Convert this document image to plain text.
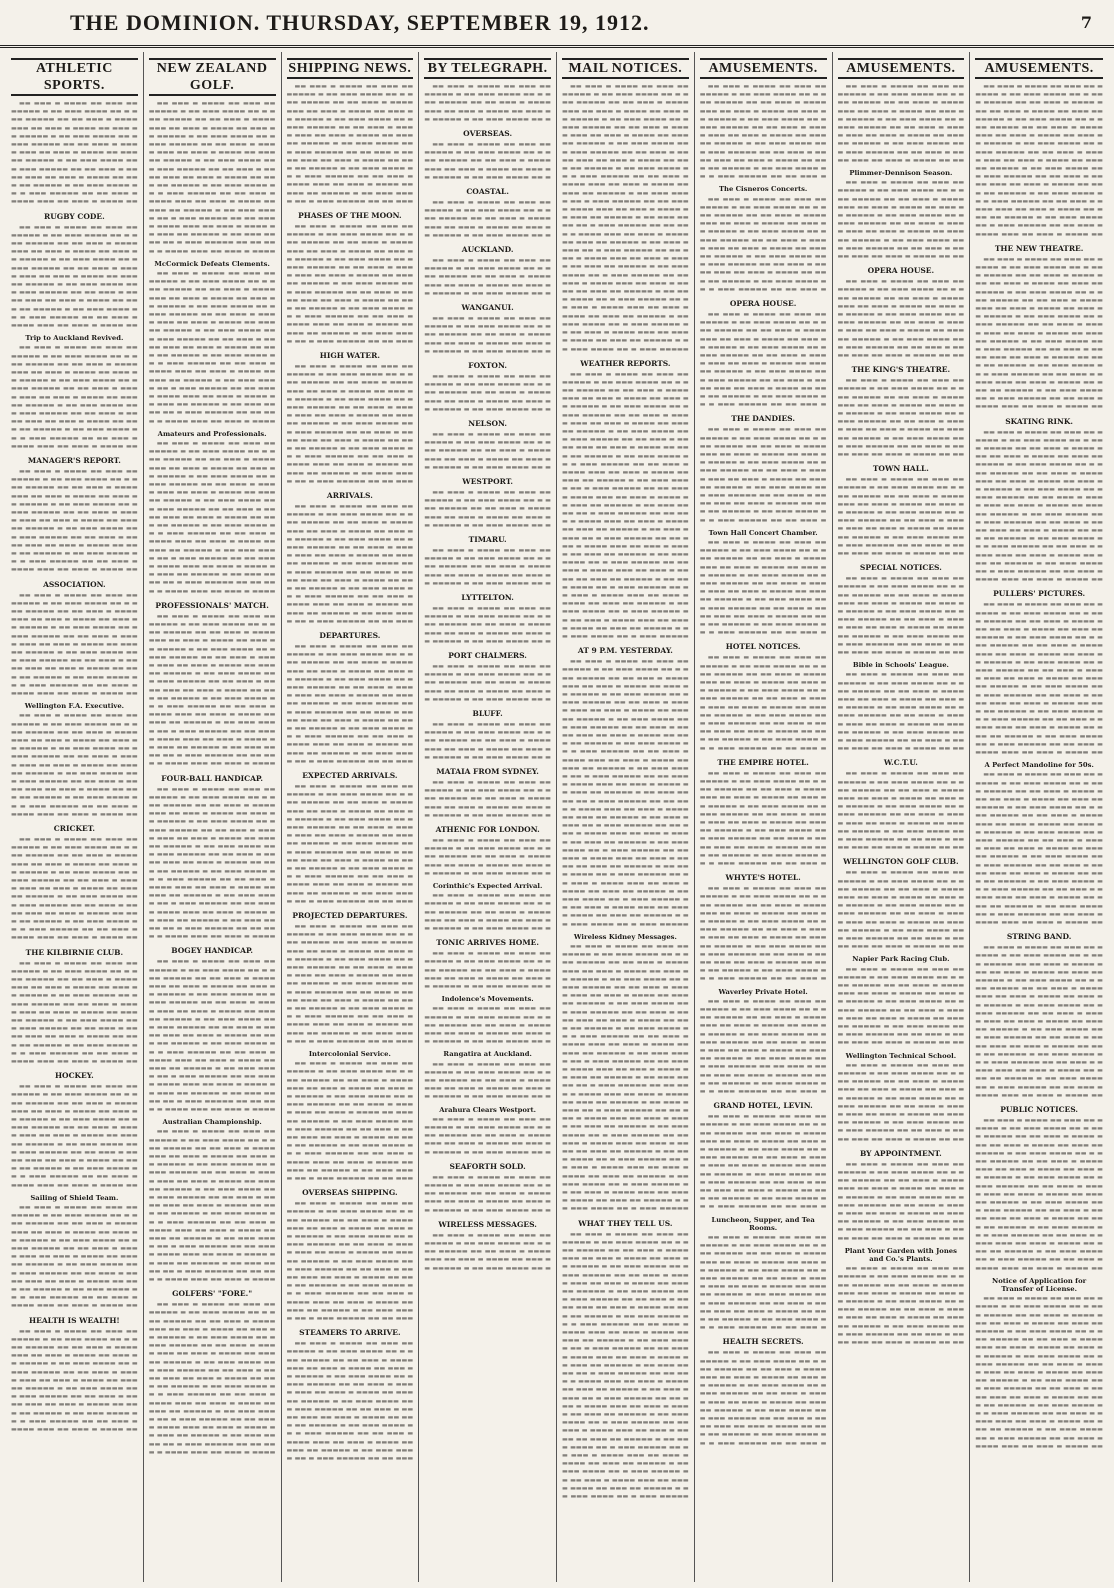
THE DOMINION. THURSDAY, SEPTEMBER 19, 1912.	7
ATHLETIC SPORTS.
▬▬ ▬▬▬ ▬ ▬▬▬▬ ▬▬ ▬▬▬ ▬▬ ▬▬▬▬▬ ▬ ▬▬ ▬▬▬ ▬▬▬▬ ▬▬ ▬ ▬▬▬ ▬▬▬▬▬ ▬▬ ▬▬ ▬▬▬ ▬ ▬▬▬▬ ▬▬▬ ▬▬ ▬▬▬ ▬ ▬▬▬▬ ▬▬ ▬▬▬ ▬▬ ▬▬▬▬▬ ▬ ▬▬ ▬▬▬ ▬▬▬▬ ▬▬ ▬ ▬▬▬ ▬▬▬▬▬ ▬▬ ▬▬ ▬▬▬ ▬ ▬▬▬▬ ▬▬▬ ▬▬ ▬▬▬ ▬ ▬▬▬▬ ▬▬ ▬▬▬ ▬▬ ▬▬▬▬▬ ▬ ▬▬ ▬▬▬ ▬▬▬▬ ▬▬ ▬ ▬▬▬ ▬▬▬▬▬ ▬▬ ▬▬ ▬▬▬ ▬ ▬▬▬▬ ▬▬▬ ▬▬ ▬▬▬ ▬ ▬▬▬▬ ▬▬ ▬▬▬ ▬▬ ▬▬▬▬▬ ▬ ▬▬ ▬▬▬ ▬▬▬▬ ▬▬ ▬ ▬▬▬ ▬▬▬▬▬ ▬▬ ▬▬ ▬▬▬ ▬ ▬▬▬▬ ▬▬▬ ▬▬ ▬▬▬ ▬ ▬▬▬▬ ▬▬
RUGBY CODE.
▬▬ ▬▬▬ ▬ ▬▬▬▬ ▬▬ ▬▬▬ ▬▬ ▬▬▬▬▬ ▬ ▬▬ ▬▬▬ ▬▬▬▬ ▬▬ ▬ ▬▬▬ ▬▬▬▬▬ ▬▬ ▬▬ ▬▬▬ ▬ ▬▬▬▬ ▬▬▬ ▬▬ ▬▬▬ ▬ ▬▬▬▬ ▬▬ ▬▬▬ ▬▬ ▬▬▬▬▬ ▬ ▬▬ ▬▬▬ ▬▬▬▬ ▬▬ ▬ ▬▬▬ ▬▬▬▬▬ ▬▬ ▬▬ ▬▬▬ ▬ ▬▬▬▬ ▬▬▬ ▬▬ ▬▬▬ ▬ ▬▬▬▬ ▬▬ ▬▬▬ ▬▬ ▬▬▬▬▬ ▬ ▬▬ ▬▬▬ ▬▬▬▬ ▬▬ ▬ ▬▬▬ ▬▬▬▬▬ ▬▬ ▬▬ ▬▬▬ ▬ ▬▬▬▬ ▬▬▬ ▬▬ ▬▬▬ ▬ ▬▬▬▬ ▬▬ ▬▬▬ ▬▬ ▬▬▬▬▬ ▬ ▬▬ ▬▬▬ ▬▬▬▬ ▬▬ ▬ ▬▬▬ ▬▬▬▬▬ ▬▬ ▬▬ ▬▬▬ ▬ ▬▬▬▬ ▬▬▬ ▬▬ ▬▬▬ ▬ ▬▬▬▬ ▬▬
Trip to Auckland Revived.
▬▬ ▬▬▬ ▬ ▬▬▬▬ ▬▬ ▬▬▬ ▬▬ ▬▬▬▬▬ ▬ ▬▬ ▬▬▬ ▬▬▬▬ ▬▬ ▬ ▬▬▬ ▬▬▬▬▬ ▬▬ ▬▬ ▬▬▬ ▬ ▬▬▬▬ ▬▬▬ ▬▬ ▬▬▬ ▬ ▬▬▬▬ ▬▬ ▬▬▬ ▬▬ ▬▬▬▬▬ ▬ ▬▬ ▬▬▬ ▬▬▬▬ ▬▬ ▬ ▬▬▬ ▬▬▬▬▬ ▬▬ ▬▬ ▬▬▬ ▬ ▬▬▬▬ ▬▬▬ ▬▬ ▬▬▬ ▬ ▬▬▬▬ ▬▬ ▬▬▬ ▬▬ ▬▬▬▬▬ ▬ ▬▬ ▬▬▬ ▬▬▬▬ ▬▬ ▬ ▬▬▬ ▬▬▬▬▬ ▬▬ ▬▬ ▬▬▬ ▬ ▬▬▬▬ ▬▬▬ ▬▬ ▬▬▬ ▬ ▬▬▬▬ ▬▬ ▬▬▬ ▬▬ ▬▬▬▬▬ ▬ ▬▬ ▬▬▬ ▬▬▬▬ ▬▬ ▬ ▬▬▬ ▬▬▬▬▬ ▬▬ ▬▬ ▬▬▬ ▬ ▬▬▬▬ ▬▬▬ ▬▬ ▬▬▬ ▬ ▬▬▬▬ ▬▬
MANAGER'S REPORT.
▬▬ ▬▬▬ ▬ ▬▬▬▬ ▬▬ ▬▬▬ ▬▬ ▬▬▬▬▬ ▬ ▬▬ ▬▬▬ ▬▬▬▬ ▬▬ ▬ ▬▬▬ ▬▬▬▬▬ ▬▬ ▬▬ ▬▬▬ ▬ ▬▬▬▬ ▬▬▬ ▬▬ ▬▬▬ ▬ ▬▬▬▬ ▬▬ ▬▬▬ ▬▬ ▬▬▬▬▬ ▬ ▬▬ ▬▬▬ ▬▬▬▬ ▬▬ ▬ ▬▬▬ ▬▬▬▬▬ ▬▬ ▬▬ ▬▬▬ ▬ ▬▬▬▬ ▬▬▬ ▬▬ ▬▬▬ ▬ ▬▬▬▬ ▬▬ ▬▬▬ ▬▬ ▬▬▬▬▬ ▬ ▬▬ ▬▬▬ ▬▬▬▬ ▬▬ ▬ ▬▬▬ ▬▬▬▬▬ ▬▬ ▬▬ ▬▬▬ ▬ ▬▬▬▬ ▬▬▬ ▬▬ ▬▬▬ ▬ ▬▬▬▬ ▬▬ ▬▬▬ ▬▬ ▬▬▬▬▬ ▬ ▬▬ ▬▬▬ ▬▬▬▬ ▬▬ ▬ ▬▬▬ ▬▬▬▬▬ ▬▬ ▬▬ ▬▬▬ ▬ ▬▬▬▬ ▬▬▬ ▬▬ ▬▬▬ ▬ ▬▬▬▬ ▬▬
ASSOCIATION.
▬▬ ▬▬▬ ▬ ▬▬▬▬ ▬▬ ▬▬▬ ▬▬ ▬▬▬▬▬ ▬ ▬▬ ▬▬▬ ▬▬▬▬ ▬▬ ▬ ▬▬▬ ▬▬▬▬▬ ▬▬ ▬▬ ▬▬▬ ▬ ▬▬▬▬ ▬▬▬ ▬▬ ▬▬▬ ▬ ▬▬▬▬ ▬▬ ▬▬▬ ▬▬ ▬▬▬▬▬ ▬ ▬▬ ▬▬▬ ▬▬▬▬ ▬▬ ▬ ▬▬▬ ▬▬▬▬▬ ▬▬ ▬▬ ▬▬▬ ▬ ▬▬▬▬ ▬▬▬ ▬▬ ▬▬▬ ▬ ▬▬▬▬ ▬▬ ▬▬▬ ▬▬ ▬▬▬▬▬ ▬ ▬▬ ▬▬▬ ▬▬▬▬ ▬▬ ▬ ▬▬▬ ▬▬▬▬▬ ▬▬ ▬▬ ▬▬▬ ▬ ▬▬▬▬ ▬▬▬ ▬▬ ▬▬▬ ▬ ▬▬▬▬ ▬▬ ▬▬▬ ▬▬ ▬▬▬▬▬ ▬ ▬▬ ▬▬▬ ▬▬▬▬ ▬▬ ▬ ▬▬▬ ▬▬▬▬▬ ▬▬ ▬▬ ▬▬▬ ▬ ▬▬▬▬ ▬▬▬ ▬▬ ▬▬▬ ▬ ▬▬▬▬ ▬▬
Wellington F.A. Executive.
▬▬ ▬▬▬ ▬ ▬▬▬▬ ▬▬ ▬▬▬ ▬▬ ▬▬▬▬▬ ▬ ▬▬ ▬▬▬ ▬▬▬▬ ▬▬ ▬ ▬▬▬ ▬▬▬▬▬ ▬▬ ▬▬ ▬▬▬ ▬ ▬▬▬▬ ▬▬▬ ▬▬ ▬▬▬ ▬ ▬▬▬▬ ▬▬ ▬▬▬ ▬▬ ▬▬▬▬▬ ▬ ▬▬ ▬▬▬ ▬▬▬▬ ▬▬ ▬ ▬▬▬ ▬▬▬▬▬ ▬▬ ▬▬ ▬▬▬ ▬ ▬▬▬▬ ▬▬▬ ▬▬ ▬▬▬ ▬ ▬▬▬▬ ▬▬ ▬▬▬ ▬▬ ▬▬▬▬▬ ▬ ▬▬ ▬▬▬ ▬▬▬▬ ▬▬ ▬ ▬▬▬ ▬▬▬▬▬ ▬▬ ▬▬ ▬▬▬ ▬ ▬▬▬▬ ▬▬▬ ▬▬ ▬▬▬ ▬ ▬▬▬▬ ▬▬ ▬▬▬ ▬▬ ▬▬▬▬▬ ▬ ▬▬ ▬▬▬ ▬▬▬▬ ▬▬ ▬ ▬▬▬ ▬▬▬▬▬ ▬▬ ▬▬ ▬▬▬ ▬ ▬▬▬▬ ▬▬▬ ▬▬ ▬▬▬ ▬ ▬▬▬▬ ▬▬
CRICKET.
▬▬ ▬▬▬ ▬ ▬▬▬▬ ▬▬ ▬▬▬ ▬▬ ▬▬▬▬▬ ▬ ▬▬ ▬▬▬ ▬▬▬▬ ▬▬ ▬ ▬▬▬ ▬▬▬▬▬ ▬▬ ▬▬ ▬▬▬ ▬ ▬▬▬▬ ▬▬▬ ▬▬ ▬▬▬ ▬ ▬▬▬▬ ▬▬ ▬▬▬ ▬▬ ▬▬▬▬▬ ▬ ▬▬ ▬▬▬ ▬▬▬▬ ▬▬ ▬ ▬▬▬ ▬▬▬▬▬ ▬▬ ▬▬ ▬▬▬ ▬ ▬▬▬▬ ▬▬▬ ▬▬ ▬▬▬ ▬ ▬▬▬▬ ▬▬ ▬▬▬ ▬▬ ▬▬▬▬▬ ▬ ▬▬ ▬▬▬ ▬▬▬▬ ▬▬ ▬ ▬▬▬ ▬▬▬▬▬ ▬▬ ▬▬ ▬▬▬ ▬ ▬▬▬▬ ▬▬▬ ▬▬ ▬▬▬ ▬ ▬▬▬▬ ▬▬ ▬▬▬ ▬▬ ▬▬▬▬▬ ▬ ▬▬ ▬▬▬ ▬▬▬▬ ▬▬ ▬ ▬▬▬ ▬▬▬▬▬ ▬▬ ▬▬ ▬▬▬ ▬ ▬▬▬▬ ▬▬▬ ▬▬ ▬▬▬ ▬ ▬▬▬▬ ▬▬
THE KILBIRNIE CLUB.
▬▬ ▬▬▬ ▬ ▬▬▬▬ ▬▬ ▬▬▬ ▬▬ ▬▬▬▬▬ ▬ ▬▬ ▬▬▬ ▬▬▬▬ ▬▬ ▬ ▬▬▬ ▬▬▬▬▬ ▬▬ ▬▬ ▬▬▬ ▬ ▬▬▬▬ ▬▬▬ ▬▬ ▬▬▬ ▬ ▬▬▬▬ ▬▬ ▬▬▬ ▬▬ ▬▬▬▬▬ ▬ ▬▬ ▬▬▬ ▬▬▬▬ ▬▬ ▬ ▬▬▬ ▬▬▬▬▬ ▬▬ ▬▬ ▬▬▬ ▬ ▬▬▬▬ ▬▬▬ ▬▬ ▬▬▬ ▬ ▬▬▬▬ ▬▬ ▬▬▬ ▬▬ ▬▬▬▬▬ ▬ ▬▬ ▬▬▬ ▬▬▬▬ ▬▬ ▬ ▬▬▬ ▬▬▬▬▬ ▬▬ ▬▬ ▬▬▬ ▬ ▬▬▬▬ ▬▬▬ ▬▬ ▬▬▬ ▬ ▬▬▬▬ ▬▬ ▬▬▬ ▬▬ ▬▬▬▬▬ ▬ ▬▬ ▬▬▬ ▬▬▬▬ ▬▬ ▬ ▬▬▬ ▬▬▬▬▬ ▬▬ ▬▬ ▬▬▬ ▬ ▬▬▬▬ ▬▬▬ ▬▬ ▬▬▬ ▬ ▬▬▬▬ ▬▬
HOCKEY.
▬▬ ▬▬▬ ▬ ▬▬▬▬ ▬▬ ▬▬▬ ▬▬ ▬▬▬▬▬ ▬ ▬▬ ▬▬▬ ▬▬▬▬ ▬▬ ▬ ▬▬▬ ▬▬▬▬▬ ▬▬ ▬▬ ▬▬▬ ▬ ▬▬▬▬ ▬▬▬ ▬▬ ▬▬▬ ▬ ▬▬▬▬ ▬▬ ▬▬▬ ▬▬ ▬▬▬▬▬ ▬ ▬▬ ▬▬▬ ▬▬▬▬ ▬▬ ▬ ▬▬▬ ▬▬▬▬▬ ▬▬ ▬▬ ▬▬▬ ▬ ▬▬▬▬ ▬▬▬ ▬▬ ▬▬▬ ▬ ▬▬▬▬ ▬▬ ▬▬▬ ▬▬ ▬▬▬▬▬ ▬ ▬▬ ▬▬▬ ▬▬▬▬ ▬▬ ▬ ▬▬▬ ▬▬▬▬▬ ▬▬ ▬▬ ▬▬▬ ▬ ▬▬▬▬ ▬▬▬ ▬▬ ▬▬▬ ▬ ▬▬▬▬ ▬▬ ▬▬▬ ▬▬ ▬▬▬▬▬ ▬ ▬▬ ▬▬▬ ▬▬▬▬ ▬▬ ▬ ▬▬▬ ▬▬▬▬▬ ▬▬ ▬▬ ▬▬▬ ▬ ▬▬▬▬ ▬▬▬ ▬▬ ▬▬▬ ▬ ▬▬▬▬ ▬▬
Sailing of Shield Team.
▬▬ ▬▬▬ ▬ ▬▬▬▬ ▬▬ ▬▬▬ ▬▬ ▬▬▬▬▬ ▬ ▬▬ ▬▬▬ ▬▬▬▬ ▬▬ ▬ ▬▬▬ ▬▬▬▬▬ ▬▬ ▬▬ ▬▬▬ ▬ ▬▬▬▬ ▬▬▬ ▬▬ ▬▬▬ ▬ ▬▬▬▬ ▬▬ ▬▬▬ ▬▬ ▬▬▬▬▬ ▬ ▬▬ ▬▬▬ ▬▬▬▬ ▬▬ ▬ ▬▬▬ ▬▬▬▬▬ ▬▬ ▬▬ ▬▬▬ ▬ ▬▬▬▬ ▬▬▬ ▬▬ ▬▬▬ ▬ ▬▬▬▬ ▬▬ ▬▬▬ ▬▬ ▬▬▬▬▬ ▬ ▬▬ ▬▬▬ ▬▬▬▬ ▬▬ ▬ ▬▬▬ ▬▬▬▬▬ ▬▬ ▬▬ ▬▬▬ ▬ ▬▬▬▬ ▬▬▬ ▬▬ ▬▬▬ ▬ ▬▬▬▬ ▬▬ ▬▬▬ ▬▬ ▬▬▬▬▬ ▬ ▬▬ ▬▬▬ ▬▬▬▬ ▬▬ ▬ ▬▬▬ ▬▬▬▬▬ ▬▬ ▬▬ ▬▬▬ ▬ ▬▬▬▬ ▬▬▬ ▬▬ ▬▬▬ ▬ ▬▬▬▬ ▬▬
HEALTH IS WEALTH!
▬▬ ▬▬▬ ▬ ▬▬▬▬ ▬▬ ▬▬▬ ▬▬ ▬▬▬▬▬ ▬ ▬▬ ▬▬▬ ▬▬▬▬ ▬▬ ▬ ▬▬▬ ▬▬▬▬▬ ▬▬ ▬▬ ▬▬▬ ▬ ▬▬▬▬ ▬▬▬ ▬▬ ▬▬▬ ▬ ▬▬▬▬ ▬▬ ▬▬▬ ▬▬ ▬▬▬▬▬ ▬ ▬▬ ▬▬▬ ▬▬▬▬ ▬▬ ▬ ▬▬▬ ▬▬▬▬▬ ▬▬ ▬▬ ▬▬▬ ▬ ▬▬▬▬ ▬▬▬ ▬▬ ▬▬▬ ▬ ▬▬▬▬ ▬▬ ▬▬▬ ▬▬ ▬▬▬▬▬ ▬ ▬▬ ▬▬▬ ▬▬▬▬ ▬▬ ▬ ▬▬▬ ▬▬▬▬▬ ▬▬ ▬▬ ▬▬▬ ▬ ▬▬▬▬ ▬▬▬ ▬▬ ▬▬▬ ▬ ▬▬▬▬ ▬▬ ▬▬▬ ▬▬ ▬▬▬▬▬ ▬ ▬▬ ▬▬▬ ▬▬▬▬ ▬▬ ▬ ▬▬▬ ▬▬▬▬▬ ▬▬ ▬▬ ▬▬▬ ▬ ▬▬▬▬ ▬▬▬ ▬▬ ▬▬▬ ▬ ▬▬▬▬ ▬▬
NEW ZEALAND GOLF.
▬▬ ▬▬▬ ▬ ▬▬▬▬ ▬▬ ▬▬▬ ▬▬ ▬▬▬▬▬ ▬ ▬▬ ▬▬▬ ▬▬▬▬ ▬▬ ▬ ▬▬▬ ▬▬▬▬▬ ▬▬ ▬▬ ▬▬▬ ▬ ▬▬▬▬ ▬▬▬ ▬▬ ▬▬▬ ▬ ▬▬▬▬ ▬▬ ▬▬▬ ▬▬ ▬▬▬▬▬ ▬ ▬▬ ▬▬▬ ▬▬▬▬ ▬▬ ▬ ▬▬▬ ▬▬▬▬▬ ▬▬ ▬▬ ▬▬▬ ▬ ▬▬▬▬ ▬▬▬ ▬▬ ▬▬▬ ▬ ▬▬▬▬ ▬▬ ▬▬▬ ▬▬ ▬▬▬▬▬ ▬ ▬▬ ▬▬▬ ▬▬▬▬ ▬▬ ▬ ▬▬▬ ▬▬▬▬▬ ▬▬ ▬▬ ▬▬▬ ▬ ▬▬▬▬ ▬▬▬ ▬▬ ▬▬▬ ▬ ▬▬▬▬ ▬▬ ▬▬▬ ▬▬ ▬▬▬▬▬ ▬ ▬▬ ▬▬▬ ▬▬▬▬ ▬▬ ▬ ▬▬▬ ▬▬▬▬▬ ▬▬ ▬▬ ▬▬▬ ▬ ▬▬▬▬ ▬▬▬ ▬▬ ▬▬▬ ▬ ▬▬▬▬ ▬▬ ▬▬▬ ▬▬ ▬▬▬▬▬ ▬ ▬▬ ▬▬▬ ▬▬▬▬ ▬▬ ▬ ▬▬▬ ▬▬▬▬▬ ▬▬ ▬▬ ▬▬▬ ▬ ▬▬▬▬ ▬▬▬ ▬▬ ▬▬▬ ▬ ▬▬▬▬ ▬▬ ▬▬▬ ▬▬ ▬▬▬▬▬ ▬ ▬▬ ▬▬▬ ▬▬▬▬ ▬▬ ▬ ▬▬▬ ▬▬▬▬▬ ▬▬ ▬▬ ▬▬▬ ▬ ▬▬▬▬ ▬▬▬ ▬▬ ▬▬▬ ▬ ▬▬▬▬
McCormick Defeats Clements.
▬▬ ▬▬▬ ▬ ▬▬▬▬ ▬▬ ▬▬▬ ▬▬ ▬▬▬▬▬ ▬ ▬▬ ▬▬▬ ▬▬▬▬ ▬▬ ▬ ▬▬▬ ▬▬▬▬▬ ▬▬ ▬▬ ▬▬▬ ▬ ▬▬▬▬ ▬▬▬ ▬▬ ▬▬▬ ▬ ▬▬▬▬ ▬▬ ▬▬▬ ▬▬ ▬▬▬▬▬ ▬ ▬▬ ▬▬▬ ▬▬▬▬ ▬▬ ▬ ▬▬▬ ▬▬▬▬▬ ▬▬ ▬▬ ▬▬▬ ▬ ▬▬▬▬ ▬▬▬ ▬▬ ▬▬▬ ▬ ▬▬▬▬ ▬▬ ▬▬▬ ▬▬ ▬▬▬▬▬ ▬ ▬▬ ▬▬▬ ▬▬▬▬ ▬▬ ▬ ▬▬▬ ▬▬▬▬▬ ▬▬ ▬▬ ▬▬▬ ▬ ▬▬▬▬ ▬▬▬ ▬▬ ▬▬▬ ▬ ▬▬▬▬ ▬▬ ▬▬▬ ▬▬ ▬▬▬▬▬ ▬ ▬▬ ▬▬▬ ▬▬▬▬ ▬▬ ▬ ▬▬▬ ▬▬▬▬▬ ▬▬ ▬▬ ▬▬▬ ▬ ▬▬▬▬ ▬▬▬ ▬▬ ▬▬▬ ▬ ▬▬▬▬ ▬▬ ▬▬▬ ▬▬ ▬▬▬▬▬ ▬ ▬▬ ▬▬▬ ▬▬▬▬ ▬▬ ▬ ▬▬▬ ▬▬▬▬▬ ▬▬ ▬▬ ▬▬▬ ▬ ▬▬▬▬ ▬▬▬ ▬▬ ▬▬▬ ▬ ▬▬▬▬ ▬▬ ▬▬▬ ▬▬ ▬▬▬▬▬ ▬ ▬▬ ▬▬▬ ▬▬▬▬ ▬▬ ▬ ▬▬▬ ▬▬▬▬▬ ▬▬ ▬▬ ▬▬▬ ▬ ▬▬▬▬ ▬▬▬ ▬▬ ▬▬▬ ▬ ▬▬▬▬
Amateurs and Professionals.
▬▬ ▬▬▬ ▬ ▬▬▬▬ ▬▬ ▬▬▬ ▬▬ ▬▬▬▬▬ ▬ ▬▬ ▬▬▬ ▬▬▬▬ ▬▬ ▬ ▬▬▬ ▬▬▬▬▬ ▬▬ ▬▬ ▬▬▬ ▬ ▬▬▬▬ ▬▬▬ ▬▬ ▬▬▬ ▬ ▬▬▬▬ ▬▬ ▬▬▬ ▬▬ ▬▬▬▬▬ ▬ ▬▬ ▬▬▬ ▬▬▬▬ ▬▬ ▬ ▬▬▬ ▬▬▬▬▬ ▬▬ ▬▬ ▬▬▬ ▬ ▬▬▬▬ ▬▬▬ ▬▬ ▬▬▬ ▬ ▬▬▬▬ ▬▬ ▬▬▬ ▬▬ ▬▬▬▬▬ ▬ ▬▬ ▬▬▬ ▬▬▬▬ ▬▬ ▬ ▬▬▬ ▬▬▬▬▬ ▬▬ ▬▬ ▬▬▬ ▬ ▬▬▬▬ ▬▬▬ ▬▬ ▬▬▬ ▬ ▬▬▬▬ ▬▬ ▬▬▬ ▬▬ ▬▬▬▬▬ ▬ ▬▬ ▬▬▬ ▬▬▬▬ ▬▬ ▬ ▬▬▬ ▬▬▬▬▬ ▬▬ ▬▬ ▬▬▬ ▬ ▬▬▬▬ ▬▬▬ ▬▬ ▬▬▬ ▬ ▬▬▬▬ ▬▬ ▬▬▬ ▬▬ ▬▬▬▬▬ ▬ ▬▬ ▬▬▬ ▬▬▬▬ ▬▬ ▬ ▬▬▬ ▬▬▬▬▬ ▬▬ ▬▬ ▬▬▬ ▬ ▬▬▬▬ ▬▬▬ ▬▬ ▬▬▬ ▬ ▬▬▬▬ ▬▬ ▬▬▬ ▬▬ ▬▬▬▬▬ ▬ ▬▬ ▬▬▬ ▬▬▬▬ ▬▬ ▬ ▬▬▬ ▬▬▬▬▬ ▬▬ ▬▬ ▬▬▬ ▬ ▬▬▬▬ ▬▬▬ ▬▬ ▬▬▬ ▬ ▬▬▬▬
PROFESSIONALS' MATCH.
▬▬ ▬▬▬ ▬ ▬▬▬▬ ▬▬ ▬▬▬ ▬▬ ▬▬▬▬▬ ▬ ▬▬ ▬▬▬ ▬▬▬▬ ▬▬ ▬ ▬▬▬ ▬▬▬▬▬ ▬▬ ▬▬ ▬▬▬ ▬ ▬▬▬▬ ▬▬▬ ▬▬ ▬▬▬ ▬ ▬▬▬▬ ▬▬ ▬▬▬ ▬▬ ▬▬▬▬▬ ▬ ▬▬ ▬▬▬ ▬▬▬▬ ▬▬ ▬ ▬▬▬ ▬▬▬▬▬ ▬▬ ▬▬ ▬▬▬ ▬ ▬▬▬▬ ▬▬▬ ▬▬ ▬▬▬ ▬ ▬▬▬▬ ▬▬ ▬▬▬ ▬▬ ▬▬▬▬▬ ▬ ▬▬ ▬▬▬ ▬▬▬▬ ▬▬ ▬ ▬▬▬ ▬▬▬▬▬ ▬▬ ▬▬ ▬▬▬ ▬ ▬▬▬▬ ▬▬▬ ▬▬ ▬▬▬ ▬ ▬▬▬▬ ▬▬ ▬▬▬ ▬▬ ▬▬▬▬▬ ▬ ▬▬ ▬▬▬ ▬▬▬▬ ▬▬ ▬ ▬▬▬ ▬▬▬▬▬ ▬▬ ▬▬ ▬▬▬ ▬ ▬▬▬▬ ▬▬▬ ▬▬ ▬▬▬ ▬ ▬▬▬▬ ▬▬ ▬▬▬ ▬▬ ▬▬▬▬▬ ▬ ▬▬ ▬▬▬ ▬▬▬▬ ▬▬ ▬ ▬▬▬ ▬▬▬▬▬ ▬▬ ▬▬ ▬▬▬ ▬ ▬▬▬▬ ▬▬▬ ▬▬ ▬▬▬ ▬ ▬▬▬▬ ▬▬ ▬▬▬ ▬▬ ▬▬▬▬▬ ▬ ▬▬ ▬▬▬ ▬▬▬▬ ▬▬ ▬ ▬▬▬ ▬▬▬▬▬ ▬▬ ▬▬ ▬▬▬ ▬ ▬▬▬▬ ▬▬▬ ▬▬ ▬▬▬ ▬ ▬▬▬▬
FOUR-BALL HANDICAP.
▬▬ ▬▬▬ ▬ ▬▬▬▬ ▬▬ ▬▬▬ ▬▬ ▬▬▬▬▬ ▬ ▬▬ ▬▬▬ ▬▬▬▬ ▬▬ ▬ ▬▬▬ ▬▬▬▬▬ ▬▬ ▬▬ ▬▬▬ ▬ ▬▬▬▬ ▬▬▬ ▬▬ ▬▬▬ ▬ ▬▬▬▬ ▬▬ ▬▬▬ ▬▬ ▬▬▬▬▬ ▬ ▬▬ ▬▬▬ ▬▬▬▬ ▬▬ ▬ ▬▬▬ ▬▬▬▬▬ ▬▬ ▬▬ ▬▬▬ ▬ ▬▬▬▬ ▬▬▬ ▬▬ ▬▬▬ ▬ ▬▬▬▬ ▬▬ ▬▬▬ ▬▬ ▬▬▬▬▬ ▬ ▬▬ ▬▬▬ ▬▬▬▬ ▬▬ ▬ ▬▬▬ ▬▬▬▬▬ ▬▬ ▬▬ ▬▬▬ ▬ ▬▬▬▬ ▬▬▬ ▬▬ ▬▬▬ ▬ ▬▬▬▬ ▬▬ ▬▬▬ ▬▬ ▬▬▬▬▬ ▬ ▬▬ ▬▬▬ ▬▬▬▬ ▬▬ ▬ ▬▬▬ ▬▬▬▬▬ ▬▬ ▬▬ ▬▬▬ ▬ ▬▬▬▬ ▬▬▬ ▬▬ ▬▬▬ ▬ ▬▬▬▬ ▬▬ ▬▬▬ ▬▬ ▬▬▬▬▬ ▬ ▬▬ ▬▬▬ ▬▬▬▬ ▬▬ ▬ ▬▬▬ ▬▬▬▬▬ ▬▬ ▬▬ ▬▬▬ ▬ ▬▬▬▬ ▬▬▬ ▬▬ ▬▬▬ ▬ ▬▬▬▬ ▬▬ ▬▬▬ ▬▬ ▬▬▬▬▬ ▬ ▬▬ ▬▬▬ ▬▬▬▬ ▬▬ ▬ ▬▬▬ ▬▬▬▬▬ ▬▬ ▬▬ ▬▬▬ ▬ ▬▬▬▬ ▬▬▬ ▬▬ ▬▬▬ ▬ ▬▬▬▬
BOGEY HANDICAP.
▬▬ ▬▬▬ ▬ ▬▬▬▬ ▬▬ ▬▬▬ ▬▬ ▬▬▬▬▬ ▬ ▬▬ ▬▬▬ ▬▬▬▬ ▬▬ ▬ ▬▬▬ ▬▬▬▬▬ ▬▬ ▬▬ ▬▬▬ ▬ ▬▬▬▬ ▬▬▬ ▬▬ ▬▬▬ ▬ ▬▬▬▬ ▬▬ ▬▬▬ ▬▬ ▬▬▬▬▬ ▬ ▬▬ ▬▬▬ ▬▬▬▬ ▬▬ ▬ ▬▬▬ ▬▬▬▬▬ ▬▬ ▬▬ ▬▬▬ ▬ ▬▬▬▬ ▬▬▬ ▬▬ ▬▬▬ ▬ ▬▬▬▬ ▬▬ ▬▬▬ ▬▬ ▬▬▬▬▬ ▬ ▬▬ ▬▬▬ ▬▬▬▬ ▬▬ ▬ ▬▬▬ ▬▬▬▬▬ ▬▬ ▬▬ ▬▬▬ ▬ ▬▬▬▬ ▬▬▬ ▬▬ ▬▬▬ ▬ ▬▬▬▬ ▬▬ ▬▬▬ ▬▬ ▬▬▬▬▬ ▬ ▬▬ ▬▬▬ ▬▬▬▬ ▬▬ ▬ ▬▬▬ ▬▬▬▬▬ ▬▬ ▬▬ ▬▬▬ ▬ ▬▬▬▬ ▬▬▬ ▬▬ ▬▬▬ ▬ ▬▬▬▬ ▬▬ ▬▬▬ ▬▬ ▬▬▬▬▬ ▬ ▬▬ ▬▬▬ ▬▬▬▬ ▬▬ ▬ ▬▬▬ ▬▬▬▬▬ ▬▬ ▬▬ ▬▬▬ ▬ ▬▬▬▬ ▬▬▬ ▬▬ ▬▬▬ ▬ ▬▬▬▬ ▬▬ ▬▬▬ ▬▬ ▬▬▬▬▬ ▬ ▬▬ ▬▬▬ ▬▬▬▬ ▬▬ ▬ ▬▬▬ ▬▬▬▬▬ ▬▬ ▬▬ ▬▬▬ ▬ ▬▬▬▬ ▬▬▬ ▬▬ ▬▬▬ ▬ ▬▬▬▬
Australian Championship.
▬▬ ▬▬▬ ▬ ▬▬▬▬ ▬▬ ▬▬▬ ▬▬ ▬▬▬▬▬ ▬ ▬▬ ▬▬▬ ▬▬▬▬ ▬▬ ▬ ▬▬▬ ▬▬▬▬▬ ▬▬ ▬▬ ▬▬▬ ▬ ▬▬▬▬ ▬▬▬ ▬▬ ▬▬▬ ▬ ▬▬▬▬ ▬▬ ▬▬▬ ▬▬ ▬▬▬▬▬ ▬ ▬▬ ▬▬▬ ▬▬▬▬ ▬▬ ▬ ▬▬▬ ▬▬▬▬▬ ▬▬ ▬▬ ▬▬▬ ▬ ▬▬▬▬ ▬▬▬ ▬▬ ▬▬▬ ▬ ▬▬▬▬ ▬▬ ▬▬▬ ▬▬ ▬▬▬▬▬ ▬ ▬▬ ▬▬▬ ▬▬▬▬ ▬▬ ▬ ▬▬▬ ▬▬▬▬▬ ▬▬ ▬▬ ▬▬▬ ▬ ▬▬▬▬ ▬▬▬ ▬▬ ▬▬▬ ▬ ▬▬▬▬ ▬▬ ▬▬▬ ▬▬ ▬▬▬▬▬ ▬ ▬▬ ▬▬▬ ▬▬▬▬ ▬▬ ▬ ▬▬▬ ▬▬▬▬▬ ▬▬ ▬▬ ▬▬▬ ▬ ▬▬▬▬ ▬▬▬ ▬▬ ▬▬▬ ▬ ▬▬▬▬ ▬▬ ▬▬▬ ▬▬ ▬▬▬▬▬ ▬ ▬▬ ▬▬▬ ▬▬▬▬ ▬▬ ▬ ▬▬▬ ▬▬▬▬▬ ▬▬ ▬▬ ▬▬▬ ▬ ▬▬▬▬ ▬▬▬ ▬▬ ▬▬▬ ▬ ▬▬▬▬ ▬▬ ▬▬▬ ▬▬ ▬▬▬▬▬ ▬ ▬▬ ▬▬▬ ▬▬▬▬ ▬▬ ▬ ▬▬▬ ▬▬▬▬▬ ▬▬ ▬▬ ▬▬▬ ▬ ▬▬▬▬ ▬▬▬ ▬▬ ▬▬▬ ▬ ▬▬▬▬
GOLFERS' "FORE."
▬▬ ▬▬▬ ▬ ▬▬▬▬ ▬▬ ▬▬▬ ▬▬ ▬▬▬▬▬ ▬ ▬▬ ▬▬▬ ▬▬▬▬ ▬▬ ▬ ▬▬▬ ▬▬▬▬▬ ▬▬ ▬▬ ▬▬▬ ▬ ▬▬▬▬ ▬▬▬ ▬▬ ▬▬▬ ▬ ▬▬▬▬ ▬▬ ▬▬▬ ▬▬ ▬▬▬▬▬ ▬ ▬▬ ▬▬▬ ▬▬▬▬ ▬▬ ▬ ▬▬▬ ▬▬▬▬▬ ▬▬ ▬▬ ▬▬▬ ▬ ▬▬▬▬ ▬▬▬ ▬▬ ▬▬▬ ▬ ▬▬▬▬ ▬▬ ▬▬▬ ▬▬ ▬▬▬▬▬ ▬ ▬▬ ▬▬▬ ▬▬▬▬ ▬▬ ▬ ▬▬▬ ▬▬▬▬▬ ▬▬ ▬▬ ▬▬▬ ▬ ▬▬▬▬ ▬▬▬ ▬▬ ▬▬▬ ▬ ▬▬▬▬ ▬▬ ▬▬▬ ▬▬ ▬▬▬▬▬ ▬ ▬▬ ▬▬▬ ▬▬▬▬ ▬▬ ▬ ▬▬▬ ▬▬▬▬▬ ▬▬ ▬▬ ▬▬▬ ▬ ▬▬▬▬ ▬▬▬ ▬▬ ▬▬▬ ▬ ▬▬▬▬ ▬▬ ▬▬▬ ▬▬ ▬▬▬▬▬ ▬ ▬▬ ▬▬▬ ▬▬▬▬ ▬▬ ▬ ▬▬▬ ▬▬▬▬▬ ▬▬ ▬▬ ▬▬▬ ▬ ▬▬▬▬ ▬▬▬ ▬▬ ▬▬▬ ▬ ▬▬▬▬ ▬▬ ▬▬▬ ▬▬ ▬▬▬▬▬ ▬ ▬▬ ▬▬▬ ▬▬▬▬ ▬▬ ▬ ▬▬▬ ▬▬▬▬▬ ▬▬ ▬▬ ▬▬▬ ▬ ▬▬▬▬ ▬▬▬ ▬▬ ▬▬▬ ▬ ▬▬▬▬
SHIPPING NEWS.
▬▬ ▬▬▬ ▬ ▬▬▬▬ ▬▬ ▬▬▬ ▬▬ ▬▬▬▬▬ ▬ ▬▬ ▬▬▬ ▬▬▬▬ ▬▬ ▬ ▬▬▬ ▬▬▬▬▬ ▬▬ ▬▬ ▬▬▬ ▬ ▬▬▬▬ ▬▬▬ ▬▬ ▬▬▬ ▬ ▬▬▬▬ ▬▬ ▬▬▬ ▬▬ ▬▬▬▬▬ ▬ ▬▬ ▬▬▬ ▬▬▬▬ ▬▬ ▬ ▬▬▬ ▬▬▬▬▬ ▬▬ ▬▬ ▬▬▬ ▬ ▬▬▬▬ ▬▬▬ ▬▬ ▬▬▬ ▬ ▬▬▬▬ ▬▬ ▬▬▬ ▬▬ ▬▬▬▬▬ ▬ ▬▬ ▬▬▬ ▬▬▬▬ ▬▬ ▬ ▬▬▬ ▬▬▬▬▬ ▬▬ ▬▬ ▬▬▬ ▬ ▬▬▬▬ ▬▬▬ ▬▬ ▬▬▬ ▬ ▬▬▬▬ ▬▬ ▬▬▬ ▬▬ ▬▬▬▬▬ ▬ ▬▬ ▬▬▬ ▬▬▬▬ ▬▬ ▬ ▬▬▬ ▬▬▬▬▬ ▬▬ ▬▬ ▬▬▬ ▬ ▬▬▬▬ ▬▬▬ ▬▬ ▬▬▬ ▬ ▬▬▬▬ ▬▬ ▬▬▬ ▬▬ ▬▬▬▬▬ ▬ ▬▬ ▬▬▬ ▬▬▬▬ ▬▬ ▬ ▬▬▬ ▬▬▬▬▬ ▬▬ ▬▬ ▬▬▬
PHASES OF THE MOON.
▬▬ ▬▬▬ ▬ ▬▬▬▬ ▬▬ ▬▬▬ ▬▬ ▬▬▬▬▬ ▬ ▬▬ ▬▬▬ ▬▬▬▬ ▬▬ ▬ ▬▬▬ ▬▬▬▬▬ ▬▬ ▬▬ ▬▬▬ ▬ ▬▬▬▬ ▬▬▬ ▬▬ ▬▬▬ ▬ ▬▬▬▬ ▬▬ ▬▬▬ ▬▬ ▬▬▬▬▬ ▬ ▬▬ ▬▬▬ ▬▬▬▬ ▬▬ ▬ ▬▬▬ ▬▬▬▬▬ ▬▬ ▬▬ ▬▬▬ ▬ ▬▬▬▬ ▬▬▬ ▬▬ ▬▬▬ ▬ ▬▬▬▬ ▬▬ ▬▬▬ ▬▬ ▬▬▬▬▬ ▬ ▬▬ ▬▬▬ ▬▬▬▬ ▬▬ ▬ ▬▬▬ ▬▬▬▬▬ ▬▬ ▬▬ ▬▬▬ ▬ ▬▬▬▬ ▬▬▬ ▬▬ ▬▬▬ ▬ ▬▬▬▬ ▬▬ ▬▬▬ ▬▬ ▬▬▬▬▬ ▬ ▬▬ ▬▬▬ ▬▬▬▬ ▬▬ ▬ ▬▬▬ ▬▬▬▬▬ ▬▬ ▬▬ ▬▬▬ ▬ ▬▬▬▬ ▬▬▬ ▬▬ ▬▬▬ ▬ ▬▬▬▬ ▬▬ ▬▬▬ ▬▬ ▬▬▬▬▬ ▬ ▬▬ ▬▬▬ ▬▬▬▬ ▬▬ ▬ ▬▬▬ ▬▬▬▬▬ ▬▬ ▬▬ ▬▬▬
HIGH WATER.
▬▬ ▬▬▬ ▬ ▬▬▬▬ ▬▬ ▬▬▬ ▬▬ ▬▬▬▬▬ ▬ ▬▬ ▬▬▬ ▬▬▬▬ ▬▬ ▬ ▬▬▬ ▬▬▬▬▬ ▬▬ ▬▬ ▬▬▬ ▬ ▬▬▬▬ ▬▬▬ ▬▬ ▬▬▬ ▬ ▬▬▬▬ ▬▬ ▬▬▬ ▬▬ ▬▬▬▬▬ ▬ ▬▬ ▬▬▬ ▬▬▬▬ ▬▬ ▬ ▬▬▬ ▬▬▬▬▬ ▬▬ ▬▬ ▬▬▬ ▬ ▬▬▬▬ ▬▬▬ ▬▬ ▬▬▬ ▬ ▬▬▬▬ ▬▬ ▬▬▬ ▬▬ ▬▬▬▬▬ ▬ ▬▬ ▬▬▬ ▬▬▬▬ ▬▬ ▬ ▬▬▬ ▬▬▬▬▬ ▬▬ ▬▬ ▬▬▬ ▬ ▬▬▬▬ ▬▬▬ ▬▬ ▬▬▬ ▬ ▬▬▬▬ ▬▬ ▬▬▬ ▬▬ ▬▬▬▬▬ ▬ ▬▬ ▬▬▬ ▬▬▬▬ ▬▬ ▬ ▬▬▬ ▬▬▬▬▬ ▬▬ ▬▬ ▬▬▬ ▬ ▬▬▬▬ ▬▬▬ ▬▬ ▬▬▬ ▬ ▬▬▬▬ ▬▬ ▬▬▬ ▬▬ ▬▬▬▬▬ ▬ ▬▬ ▬▬▬ ▬▬▬▬ ▬▬ ▬ ▬▬▬ ▬▬▬▬▬ ▬▬ ▬▬ ▬▬▬
ARRIVALS.
▬▬ ▬▬▬ ▬ ▬▬▬▬ ▬▬ ▬▬▬ ▬▬ ▬▬▬▬▬ ▬ ▬▬ ▬▬▬ ▬▬▬▬ ▬▬ ▬ ▬▬▬ ▬▬▬▬▬ ▬▬ ▬▬ ▬▬▬ ▬ ▬▬▬▬ ▬▬▬ ▬▬ ▬▬▬ ▬ ▬▬▬▬ ▬▬ ▬▬▬ ▬▬ ▬▬▬▬▬ ▬ ▬▬ ▬▬▬ ▬▬▬▬ ▬▬ ▬ ▬▬▬ ▬▬▬▬▬ ▬▬ ▬▬ ▬▬▬ ▬ ▬▬▬▬ ▬▬▬ ▬▬ ▬▬▬ ▬ ▬▬▬▬ ▬▬ ▬▬▬ ▬▬ ▬▬▬▬▬ ▬ ▬▬ ▬▬▬ ▬▬▬▬ ▬▬ ▬ ▬▬▬ ▬▬▬▬▬ ▬▬ ▬▬ ▬▬▬ ▬ ▬▬▬▬ ▬▬▬ ▬▬ ▬▬▬ ▬ ▬▬▬▬ ▬▬ ▬▬▬ ▬▬ ▬▬▬▬▬ ▬ ▬▬ ▬▬▬ ▬▬▬▬ ▬▬ ▬ ▬▬▬ ▬▬▬▬▬ ▬▬ ▬▬ ▬▬▬ ▬ ▬▬▬▬ ▬▬▬ ▬▬ ▬▬▬ ▬ ▬▬▬▬ ▬▬ ▬▬▬ ▬▬ ▬▬▬▬▬ ▬ ▬▬ ▬▬▬ ▬▬▬▬ ▬▬ ▬ ▬▬▬ ▬▬▬▬▬ ▬▬ ▬▬ ▬▬▬
DEPARTURES.
▬▬ ▬▬▬ ▬ ▬▬▬▬ ▬▬ ▬▬▬ ▬▬ ▬▬▬▬▬ ▬ ▬▬ ▬▬▬ ▬▬▬▬ ▬▬ ▬ ▬▬▬ ▬▬▬▬▬ ▬▬ ▬▬ ▬▬▬ ▬ ▬▬▬▬ ▬▬▬ ▬▬ ▬▬▬ ▬ ▬▬▬▬ ▬▬ ▬▬▬ ▬▬ ▬▬▬▬▬ ▬ ▬▬ ▬▬▬ ▬▬▬▬ ▬▬ ▬ ▬▬▬ ▬▬▬▬▬ ▬▬ ▬▬ ▬▬▬ ▬ ▬▬▬▬ ▬▬▬ ▬▬ ▬▬▬ ▬ ▬▬▬▬ ▬▬ ▬▬▬ ▬▬ ▬▬▬▬▬ ▬ ▬▬ ▬▬▬ ▬▬▬▬ ▬▬ ▬ ▬▬▬ ▬▬▬▬▬ ▬▬ ▬▬ ▬▬▬ ▬ ▬▬▬▬ ▬▬▬ ▬▬ ▬▬▬ ▬ ▬▬▬▬ ▬▬ ▬▬▬ ▬▬ ▬▬▬▬▬ ▬ ▬▬ ▬▬▬ ▬▬▬▬ ▬▬ ▬ ▬▬▬ ▬▬▬▬▬ ▬▬ ▬▬ ▬▬▬ ▬ ▬▬▬▬ ▬▬▬ ▬▬ ▬▬▬ ▬ ▬▬▬▬ ▬▬ ▬▬▬ ▬▬ ▬▬▬▬▬ ▬ ▬▬ ▬▬▬ ▬▬▬▬ ▬▬ ▬ ▬▬▬ ▬▬▬▬▬ ▬▬ ▬▬ ▬▬▬
EXPECTED ARRIVALS.
▬▬ ▬▬▬ ▬ ▬▬▬▬ ▬▬ ▬▬▬ ▬▬ ▬▬▬▬▬ ▬ ▬▬ ▬▬▬ ▬▬▬▬ ▬▬ ▬ ▬▬▬ ▬▬▬▬▬ ▬▬ ▬▬ ▬▬▬ ▬ ▬▬▬▬ ▬▬▬ ▬▬ ▬▬▬ ▬ ▬▬▬▬ ▬▬ ▬▬▬ ▬▬ ▬▬▬▬▬ ▬ ▬▬ ▬▬▬ ▬▬▬▬ ▬▬ ▬ ▬▬▬ ▬▬▬▬▬ ▬▬ ▬▬ ▬▬▬ ▬ ▬▬▬▬ ▬▬▬ ▬▬ ▬▬▬ ▬ ▬▬▬▬ ▬▬ ▬▬▬ ▬▬ ▬▬▬▬▬ ▬ ▬▬ ▬▬▬ ▬▬▬▬ ▬▬ ▬ ▬▬▬ ▬▬▬▬▬ ▬▬ ▬▬ ▬▬▬ ▬ ▬▬▬▬ ▬▬▬ ▬▬ ▬▬▬ ▬ ▬▬▬▬ ▬▬ ▬▬▬ ▬▬ ▬▬▬▬▬ ▬ ▬▬ ▬▬▬ ▬▬▬▬ ▬▬ ▬ ▬▬▬ ▬▬▬▬▬ ▬▬ ▬▬ ▬▬▬ ▬ ▬▬▬▬ ▬▬▬ ▬▬ ▬▬▬ ▬ ▬▬▬▬ ▬▬ ▬▬▬ ▬▬ ▬▬▬▬▬ ▬ ▬▬ ▬▬▬ ▬▬▬▬ ▬▬ ▬ ▬▬▬ ▬▬▬▬▬ ▬▬ ▬▬ ▬▬▬
PROJECTED DEPARTURES.
▬▬ ▬▬▬ ▬ ▬▬▬▬ ▬▬ ▬▬▬ ▬▬ ▬▬▬▬▬ ▬ ▬▬ ▬▬▬ ▬▬▬▬ ▬▬ ▬ ▬▬▬ ▬▬▬▬▬ ▬▬ ▬▬ ▬▬▬ ▬ ▬▬▬▬ ▬▬▬ ▬▬ ▬▬▬ ▬ ▬▬▬▬ ▬▬ ▬▬▬ ▬▬ ▬▬▬▬▬ ▬ ▬▬ ▬▬▬ ▬▬▬▬ ▬▬ ▬ ▬▬▬ ▬▬▬▬▬ ▬▬ ▬▬ ▬▬▬ ▬ ▬▬▬▬ ▬▬▬ ▬▬ ▬▬▬ ▬ ▬▬▬▬ ▬▬ ▬▬▬ ▬▬ ▬▬▬▬▬ ▬ ▬▬ ▬▬▬ ▬▬▬▬ ▬▬ ▬ ▬▬▬ ▬▬▬▬▬ ▬▬ ▬▬ ▬▬▬ ▬ ▬▬▬▬ ▬▬▬ ▬▬ ▬▬▬ ▬ ▬▬▬▬ ▬▬ ▬▬▬ ▬▬ ▬▬▬▬▬ ▬ ▬▬ ▬▬▬ ▬▬▬▬ ▬▬ ▬ ▬▬▬ ▬▬▬▬▬ ▬▬ ▬▬ ▬▬▬ ▬ ▬▬▬▬ ▬▬▬ ▬▬ ▬▬▬ ▬ ▬▬▬▬ ▬▬ ▬▬▬ ▬▬ ▬▬▬▬▬ ▬ ▬▬ ▬▬▬ ▬▬▬▬ ▬▬ ▬ ▬▬▬ ▬▬▬▬▬ ▬▬ ▬▬ ▬▬▬
Intercolonial Service.
▬▬ ▬▬▬ ▬ ▬▬▬▬ ▬▬ ▬▬▬ ▬▬ ▬▬▬▬▬ ▬ ▬▬ ▬▬▬ ▬▬▬▬ ▬▬ ▬ ▬▬▬ ▬▬▬▬▬ ▬▬ ▬▬ ▬▬▬ ▬ ▬▬▬▬ ▬▬▬ ▬▬ ▬▬▬ ▬ ▬▬▬▬ ▬▬ ▬▬▬ ▬▬ ▬▬▬▬▬ ▬ ▬▬ ▬▬▬ ▬▬▬▬ ▬▬ ▬ ▬▬▬ ▬▬▬▬▬ ▬▬ ▬▬ ▬▬▬ ▬ ▬▬▬▬ ▬▬▬ ▬▬ ▬▬▬ ▬ ▬▬▬▬ ▬▬ ▬▬▬ ▬▬ ▬▬▬▬▬ ▬ ▬▬ ▬▬▬ ▬▬▬▬ ▬▬ ▬ ▬▬▬ ▬▬▬▬▬ ▬▬ ▬▬ ▬▬▬ ▬ ▬▬▬▬ ▬▬▬ ▬▬ ▬▬▬ ▬ ▬▬▬▬ ▬▬ ▬▬▬ ▬▬ ▬▬▬▬▬ ▬ ▬▬ ▬▬▬ ▬▬▬▬ ▬▬ ▬ ▬▬▬ ▬▬▬▬▬ ▬▬ ▬▬ ▬▬▬ ▬ ▬▬▬▬ ▬▬▬ ▬▬ ▬▬▬ ▬ ▬▬▬▬ ▬▬ ▬▬▬ ▬▬ ▬▬▬▬▬ ▬ ▬▬ ▬▬▬ ▬▬▬▬ ▬▬ ▬ ▬▬▬ ▬▬▬▬▬ ▬▬ ▬▬ ▬▬▬
OVERSEAS SHIPPING.
▬▬ ▬▬▬ ▬ ▬▬▬▬ ▬▬ ▬▬▬ ▬▬ ▬▬▬▬▬ ▬ ▬▬ ▬▬▬ ▬▬▬▬ ▬▬ ▬ ▬▬▬ ▬▬▬▬▬ ▬▬ ▬▬ ▬▬▬ ▬ ▬▬▬▬ ▬▬▬ ▬▬ ▬▬▬ ▬ ▬▬▬▬ ▬▬ ▬▬▬ ▬▬ ▬▬▬▬▬ ▬ ▬▬ ▬▬▬ ▬▬▬▬ ▬▬ ▬ ▬▬▬ ▬▬▬▬▬ ▬▬ ▬▬ ▬▬▬ ▬ ▬▬▬▬ ▬▬▬ ▬▬ ▬▬▬ ▬ ▬▬▬▬ ▬▬ ▬▬▬ ▬▬ ▬▬▬▬▬ ▬ ▬▬ ▬▬▬ ▬▬▬▬ ▬▬ ▬ ▬▬▬ ▬▬▬▬▬ ▬▬ ▬▬ ▬▬▬ ▬ ▬▬▬▬ ▬▬▬ ▬▬ ▬▬▬ ▬ ▬▬▬▬ ▬▬ ▬▬▬ ▬▬ ▬▬▬▬▬ ▬ ▬▬ ▬▬▬ ▬▬▬▬ ▬▬ ▬ ▬▬▬ ▬▬▬▬▬ ▬▬ ▬▬ ▬▬▬ ▬ ▬▬▬▬ ▬▬▬ ▬▬ ▬▬▬ ▬ ▬▬▬▬ ▬▬ ▬▬▬ ▬▬ ▬▬▬▬▬ ▬ ▬▬ ▬▬▬ ▬▬▬▬ ▬▬ ▬ ▬▬▬ ▬▬▬▬▬ ▬▬ ▬▬ ▬▬▬
STEAMERS TO ARRIVE.
▬▬ ▬▬▬ ▬ ▬▬▬▬ ▬▬ ▬▬▬ ▬▬ ▬▬▬▬▬ ▬ ▬▬ ▬▬▬ ▬▬▬▬ ▬▬ ▬ ▬▬▬ ▬▬▬▬▬ ▬▬ ▬▬ ▬▬▬ ▬ ▬▬▬▬ ▬▬▬ ▬▬ ▬▬▬ ▬ ▬▬▬▬ ▬▬ ▬▬▬ ▬▬ ▬▬▬▬▬ ▬ ▬▬ ▬▬▬ ▬▬▬▬ ▬▬ ▬ ▬▬▬ ▬▬▬▬▬ ▬▬ ▬▬ ▬▬▬ ▬ ▬▬▬▬ ▬▬▬ ▬▬ ▬▬▬ ▬ ▬▬▬▬ ▬▬ ▬▬▬ ▬▬ ▬▬▬▬▬ ▬ ▬▬ ▬▬▬ ▬▬▬▬ ▬▬ ▬ ▬▬▬ ▬▬▬▬▬ ▬▬ ▬▬ ▬▬▬ ▬ ▬▬▬▬ ▬▬▬ ▬▬ ▬▬▬ ▬ ▬▬▬▬ ▬▬ ▬▬▬ ▬▬ ▬▬▬▬▬ ▬ ▬▬ ▬▬▬ ▬▬▬▬ ▬▬ ▬ ▬▬▬ ▬▬▬▬▬ ▬▬ ▬▬ ▬▬▬ ▬ ▬▬▬▬ ▬▬▬ ▬▬ ▬▬▬ ▬ ▬▬▬▬ ▬▬ ▬▬▬ ▬▬ ▬▬▬▬▬ ▬ ▬▬ ▬▬▬ ▬▬▬▬ ▬▬ ▬ ▬▬▬ ▬▬▬▬▬ ▬▬ ▬▬ ▬▬▬
BY TELEGRAPH.
▬▬ ▬▬▬ ▬ ▬▬▬▬ ▬▬ ▬▬▬ ▬▬ ▬▬▬▬▬ ▬ ▬▬ ▬▬▬ ▬▬▬▬ ▬▬ ▬ ▬▬▬ ▬▬▬▬▬ ▬▬ ▬▬ ▬▬▬ ▬ ▬▬▬▬ ▬▬▬ ▬▬ ▬▬▬ ▬ ▬▬▬▬ ▬▬ ▬▬▬ ▬▬ ▬▬▬▬▬ ▬ ▬▬ ▬▬▬ ▬▬▬▬ ▬▬ ▬
OVERSEAS.
▬▬ ▬▬▬ ▬ ▬▬▬▬ ▬▬ ▬▬▬ ▬▬ ▬▬▬▬▬ ▬ ▬▬ ▬▬▬ ▬▬▬▬ ▬▬ ▬ ▬▬▬ ▬▬▬▬▬ ▬▬ ▬▬ ▬▬▬ ▬ ▬▬▬▬ ▬▬▬ ▬▬ ▬▬▬ ▬ ▬▬▬▬ ▬▬ ▬▬▬ ▬▬ ▬▬▬▬▬ ▬ ▬▬ ▬▬▬ ▬▬▬▬ ▬▬ ▬
COASTAL.
▬▬ ▬▬▬ ▬ ▬▬▬▬ ▬▬ ▬▬▬ ▬▬ ▬▬▬▬▬ ▬ ▬▬ ▬▬▬ ▬▬▬▬ ▬▬ ▬ ▬▬▬ ▬▬▬▬▬ ▬▬ ▬▬ ▬▬▬ ▬ ▬▬▬▬ ▬▬▬ ▬▬ ▬▬▬ ▬ ▬▬▬▬ ▬▬ ▬▬▬ ▬▬ ▬▬▬▬▬ ▬ ▬▬ ▬▬▬ ▬▬▬▬ ▬▬ ▬
AUCKLAND.
▬▬ ▬▬▬ ▬ ▬▬▬▬ ▬▬ ▬▬▬ ▬▬ ▬▬▬▬▬ ▬ ▬▬ ▬▬▬ ▬▬▬▬ ▬▬ ▬ ▬▬▬ ▬▬▬▬▬ ▬▬ ▬▬ ▬▬▬ ▬ ▬▬▬▬ ▬▬▬ ▬▬ ▬▬▬ ▬ ▬▬▬▬ ▬▬ ▬▬▬ ▬▬ ▬▬▬▬▬ ▬ ▬▬ ▬▬▬ ▬▬▬▬ ▬▬ ▬
WANGANUI.
▬▬ ▬▬▬ ▬ ▬▬▬▬ ▬▬ ▬▬▬ ▬▬ ▬▬▬▬▬ ▬ ▬▬ ▬▬▬ ▬▬▬▬ ▬▬ ▬ ▬▬▬ ▬▬▬▬▬ ▬▬ ▬▬ ▬▬▬ ▬ ▬▬▬▬ ▬▬▬ ▬▬ ▬▬▬ ▬ ▬▬▬▬ ▬▬ ▬▬▬ ▬▬ ▬▬▬▬▬ ▬ ▬▬ ▬▬▬ ▬▬▬▬ ▬▬ ▬
FOXTON.
▬▬ ▬▬▬ ▬ ▬▬▬▬ ▬▬ ▬▬▬ ▬▬ ▬▬▬▬▬ ▬ ▬▬ ▬▬▬ ▬▬▬▬ ▬▬ ▬ ▬▬▬ ▬▬▬▬▬ ▬▬ ▬▬ ▬▬▬ ▬ ▬▬▬▬ ▬▬▬ ▬▬ ▬▬▬ ▬ ▬▬▬▬ ▬▬ ▬▬▬ ▬▬ ▬▬▬▬▬ ▬ ▬▬ ▬▬▬ ▬▬▬▬ ▬▬ ▬
NELSON.
▬▬ ▬▬▬ ▬ ▬▬▬▬ ▬▬ ▬▬▬ ▬▬ ▬▬▬▬▬ ▬ ▬▬ ▬▬▬ ▬▬▬▬ ▬▬ ▬ ▬▬▬ ▬▬▬▬▬ ▬▬ ▬▬ ▬▬▬ ▬ ▬▬▬▬ ▬▬▬ ▬▬ ▬▬▬ ▬ ▬▬▬▬ ▬▬ ▬▬▬ ▬▬ ▬▬▬▬▬ ▬ ▬▬ ▬▬▬ ▬▬▬▬ ▬▬ ▬
WESTPORT.
▬▬ ▬▬▬ ▬ ▬▬▬▬ ▬▬ ▬▬▬ ▬▬ ▬▬▬▬▬ ▬ ▬▬ ▬▬▬ ▬▬▬▬ ▬▬ ▬ ▬▬▬ ▬▬▬▬▬ ▬▬ ▬▬ ▬▬▬ ▬ ▬▬▬▬ ▬▬▬ ▬▬ ▬▬▬ ▬ ▬▬▬▬ ▬▬ ▬▬▬ ▬▬ ▬▬▬▬▬ ▬ ▬▬ ▬▬▬ ▬▬▬▬ ▬▬ ▬
TIMARU.
▬▬ ▬▬▬ ▬ ▬▬▬▬ ▬▬ ▬▬▬ ▬▬ ▬▬▬▬▬ ▬ ▬▬ ▬▬▬ ▬▬▬▬ ▬▬ ▬ ▬▬▬ ▬▬▬▬▬ ▬▬ ▬▬ ▬▬▬ ▬ ▬▬▬▬ ▬▬▬ ▬▬ ▬▬▬ ▬ ▬▬▬▬ ▬▬ ▬▬▬ ▬▬ ▬▬▬▬▬ ▬ ▬▬ ▬▬▬ ▬▬▬▬ ▬▬ ▬
LYTTELTON.
▬▬ ▬▬▬ ▬ ▬▬▬▬ ▬▬ ▬▬▬ ▬▬ ▬▬▬▬▬ ▬ ▬▬ ▬▬▬ ▬▬▬▬ ▬▬ ▬ ▬▬▬ ▬▬▬▬▬ ▬▬ ▬▬ ▬▬▬ ▬ ▬▬▬▬ ▬▬▬ ▬▬ ▬▬▬ ▬ ▬▬▬▬ ▬▬ ▬▬▬ ▬▬ ▬▬▬▬▬ ▬ ▬▬ ▬▬▬ ▬▬▬▬ ▬▬ ▬
PORT CHALMERS.
▬▬ ▬▬▬ ▬ ▬▬▬▬ ▬▬ ▬▬▬ ▬▬ ▬▬▬▬▬ ▬ ▬▬ ▬▬▬ ▬▬▬▬ ▬▬ ▬ ▬▬▬ ▬▬▬▬▬ ▬▬ ▬▬ ▬▬▬ ▬ ▬▬▬▬ ▬▬▬ ▬▬ ▬▬▬ ▬ ▬▬▬▬ ▬▬ ▬▬▬ ▬▬ ▬▬▬▬▬ ▬ ▬▬ ▬▬▬ ▬▬▬▬ ▬▬ ▬
BLUFF.
▬▬ ▬▬▬ ▬ ▬▬▬▬ ▬▬ ▬▬▬ ▬▬ ▬▬▬▬▬ ▬ ▬▬ ▬▬▬ ▬▬▬▬ ▬▬ ▬ ▬▬▬ ▬▬▬▬▬ ▬▬ ▬▬ ▬▬▬ ▬ ▬▬▬▬ ▬▬▬ ▬▬ ▬▬▬ ▬ ▬▬▬▬ ▬▬ ▬▬▬ ▬▬ ▬▬▬▬▬ ▬ ▬▬ ▬▬▬ ▬▬▬▬ ▬▬ ▬
MATAIA FROM SYDNEY.
▬▬ ▬▬▬ ▬ ▬▬▬▬ ▬▬ ▬▬▬ ▬▬ ▬▬▬▬▬ ▬ ▬▬ ▬▬▬ ▬▬▬▬ ▬▬ ▬ ▬▬▬ ▬▬▬▬▬ ▬▬ ▬▬ ▬▬▬ ▬ ▬▬▬▬ ▬▬▬ ▬▬ ▬▬▬ ▬ ▬▬▬▬ ▬▬ ▬▬▬ ▬▬ ▬▬▬▬▬ ▬ ▬▬ ▬▬▬ ▬▬▬▬ ▬▬ ▬
ATHENIC FOR LONDON.
▬▬ ▬▬▬ ▬ ▬▬▬▬ ▬▬ ▬▬▬ ▬▬ ▬▬▬▬▬ ▬ ▬▬ ▬▬▬ ▬▬▬▬ ▬▬ ▬ ▬▬▬ ▬▬▬▬▬ ▬▬ ▬▬ ▬▬▬ ▬ ▬▬▬▬ ▬▬▬ ▬▬ ▬▬▬ ▬ ▬▬▬▬ ▬▬ ▬▬▬ ▬▬ ▬▬▬▬▬ ▬ ▬▬ ▬▬▬ ▬▬▬▬ ▬▬ ▬
Corinthic's Expected Arrival.
▬▬ ▬▬▬ ▬ ▬▬▬▬ ▬▬ ▬▬▬ ▬▬ ▬▬▬▬▬ ▬ ▬▬ ▬▬▬ ▬▬▬▬ ▬▬ ▬ ▬▬▬ ▬▬▬▬▬ ▬▬ ▬▬ ▬▬▬ ▬ ▬▬▬▬ ▬▬▬ ▬▬ ▬▬▬ ▬ ▬▬▬▬ ▬▬ ▬▬▬ ▬▬ ▬▬▬▬▬ ▬ ▬▬ ▬▬▬ ▬▬▬▬ ▬▬ ▬
TONIC ARRIVES HOME.
▬▬ ▬▬▬ ▬ ▬▬▬▬ ▬▬ ▬▬▬ ▬▬ ▬▬▬▬▬ ▬ ▬▬ ▬▬▬ ▬▬▬▬ ▬▬ ▬ ▬▬▬ ▬▬▬▬▬ ▬▬ ▬▬ ▬▬▬ ▬ ▬▬▬▬ ▬▬▬ ▬▬ ▬▬▬ ▬ ▬▬▬▬ ▬▬ ▬▬▬ ▬▬ ▬▬▬▬▬ ▬ ▬▬ ▬▬▬ ▬▬▬▬ ▬▬ ▬
Indolence's Movements.
▬▬ ▬▬▬ ▬ ▬▬▬▬ ▬▬ ▬▬▬ ▬▬ ▬▬▬▬▬ ▬ ▬▬ ▬▬▬ ▬▬▬▬ ▬▬ ▬ ▬▬▬ ▬▬▬▬▬ ▬▬ ▬▬ ▬▬▬ ▬ ▬▬▬▬ ▬▬▬ ▬▬ ▬▬▬ ▬ ▬▬▬▬ ▬▬ ▬▬▬ ▬▬ ▬▬▬▬▬ ▬ ▬▬ ▬▬▬ ▬▬▬▬ ▬▬ ▬
Rangatira at Auckland.
▬▬ ▬▬▬ ▬ ▬▬▬▬ ▬▬ ▬▬▬ ▬▬ ▬▬▬▬▬ ▬ ▬▬ ▬▬▬ ▬▬▬▬ ▬▬ ▬ ▬▬▬ ▬▬▬▬▬ ▬▬ ▬▬ ▬▬▬ ▬ ▬▬▬▬ ▬▬▬ ▬▬ ▬▬▬ ▬ ▬▬▬▬ ▬▬ ▬▬▬ ▬▬ ▬▬▬▬▬ ▬ ▬▬ ▬▬▬ ▬▬▬▬ ▬▬ ▬
Arahura Clears Westport.
▬▬ ▬▬▬ ▬ ▬▬▬▬ ▬▬ ▬▬▬ ▬▬ ▬▬▬▬▬ ▬ ▬▬ ▬▬▬ ▬▬▬▬ ▬▬ ▬ ▬▬▬ ▬▬▬▬▬ ▬▬ ▬▬ ▬▬▬ ▬ ▬▬▬▬ ▬▬▬ ▬▬ ▬▬▬ ▬ ▬▬▬▬ ▬▬ ▬▬▬ ▬▬ ▬▬▬▬▬ ▬ ▬▬ ▬▬▬ ▬▬▬▬ ▬▬ ▬
SEAFORTH SOLD.
▬▬ ▬▬▬ ▬ ▬▬▬▬ ▬▬ ▬▬▬ ▬▬ ▬▬▬▬▬ ▬ ▬▬ ▬▬▬ ▬▬▬▬ ▬▬ ▬ ▬▬▬ ▬▬▬▬▬ ▬▬ ▬▬ ▬▬▬ ▬ ▬▬▬▬ ▬▬▬ ▬▬ ▬▬▬ ▬ ▬▬▬▬ ▬▬ ▬▬▬ ▬▬ ▬▬▬▬▬ ▬ ▬▬ ▬▬▬ ▬▬▬▬ ▬▬ ▬
WIRELESS MESSAGES.
▬▬ ▬▬▬ ▬ ▬▬▬▬ ▬▬ ▬▬▬ ▬▬ ▬▬▬▬▬ ▬ ▬▬ ▬▬▬ ▬▬▬▬ ▬▬ ▬ ▬▬▬ ▬▬▬▬▬ ▬▬ ▬▬ ▬▬▬ ▬ ▬▬▬▬ ▬▬▬ ▬▬ ▬▬▬ ▬ ▬▬▬▬ ▬▬ ▬▬▬ ▬▬ ▬▬▬▬▬ ▬ ▬▬ ▬▬▬ ▬▬▬▬ ▬▬ ▬
MAIL NOTICES.
▬▬ ▬▬▬ ▬ ▬▬▬▬ ▬▬ ▬▬▬ ▬▬ ▬▬▬▬▬ ▬ ▬▬ ▬▬▬ ▬▬▬▬ ▬▬ ▬ ▬▬▬ ▬▬▬▬▬ ▬▬ ▬▬ ▬▬▬ ▬ ▬▬▬▬ ▬▬▬ ▬▬ ▬▬▬ ▬ ▬▬▬▬ ▬▬ ▬▬▬ ▬▬ ▬▬▬▬▬ ▬ ▬▬ ▬▬▬ ▬▬▬▬ ▬▬ ▬ ▬▬▬ ▬▬▬▬▬ ▬▬ ▬▬ ▬▬▬ ▬ ▬▬▬▬ ▬▬▬ ▬▬ ▬▬▬ ▬ ▬▬▬▬ ▬▬ ▬▬▬ ▬▬ ▬▬▬▬▬ ▬ ▬▬ ▬▬▬ ▬▬▬▬ ▬▬ ▬ ▬▬▬ ▬▬▬▬▬ ▬▬ ▬▬ ▬▬▬ ▬ ▬▬▬▬ ▬▬▬ ▬▬ ▬▬▬ ▬ ▬▬▬▬ ▬▬ ▬▬▬ ▬▬ ▬▬▬▬▬ ▬ ▬▬ ▬▬▬ ▬▬▬▬ ▬▬ ▬ ▬▬▬ ▬▬▬▬▬ ▬▬ ▬▬ ▬▬▬ ▬ ▬▬▬▬ ▬▬▬ ▬▬ ▬▬▬ ▬ ▬▬▬▬ ▬▬ ▬▬▬ ▬▬ ▬▬▬▬▬ ▬ ▬▬ ▬▬▬ ▬▬▬▬ ▬▬ ▬ ▬▬▬ ▬▬▬▬▬ ▬▬ ▬▬ ▬▬▬ ▬ ▬▬▬▬ ▬▬▬ ▬▬ ▬▬▬ ▬ ▬▬▬▬ ▬▬ ▬▬▬ ▬▬ ▬▬▬▬▬ ▬ ▬▬ ▬▬▬ ▬▬▬▬ ▬▬ ▬ ▬▬▬ ▬▬▬▬▬ ▬▬ ▬▬ ▬▬▬ ▬ ▬▬▬▬ ▬▬▬ ▬▬ ▬▬▬ ▬ ▬▬▬▬ ▬▬ ▬▬▬ ▬▬ ▬▬▬▬▬ ▬ ▬▬ ▬▬▬ ▬▬▬▬ ▬▬ ▬ ▬▬▬ ▬▬▬▬▬ ▬▬ ▬▬ ▬▬▬ ▬ ▬▬▬▬ ▬▬▬ ▬▬ ▬▬▬ ▬ ▬▬▬▬ ▬▬ ▬▬▬ ▬▬ ▬▬▬▬▬ ▬ ▬▬ ▬▬▬ ▬▬▬▬ ▬▬ ▬ ▬▬▬ ▬▬▬▬▬ ▬▬ ▬▬ ▬▬▬ ▬ ▬▬▬▬ ▬▬▬ ▬▬ ▬▬▬ ▬ ▬▬▬▬ ▬▬ ▬▬▬ ▬▬ ▬▬▬▬▬ ▬ ▬▬ ▬▬▬ ▬▬▬▬ ▬▬ ▬ ▬▬▬ ▬▬▬▬▬ ▬▬ ▬▬ ▬▬▬ ▬ ▬▬▬▬ ▬▬▬ ▬▬ ▬▬▬ ▬ ▬▬▬▬ ▬▬ ▬▬▬ ▬▬ ▬▬▬▬▬ ▬ ▬▬ ▬▬▬ ▬▬▬▬ ▬▬ ▬ ▬▬▬ ▬▬▬▬▬ ▬▬ ▬▬ ▬▬▬ ▬ ▬▬▬▬ ▬▬▬ ▬▬ ▬▬▬ ▬ ▬▬▬▬ ▬▬ ▬▬▬ ▬▬ ▬▬▬▬▬ ▬ ▬▬ ▬▬▬ ▬▬▬▬ ▬▬ ▬ ▬▬▬ ▬▬▬▬▬
WEATHER REPORTS.
▬▬ ▬▬▬ ▬ ▬▬▬▬ ▬▬ ▬▬▬ ▬▬ ▬▬▬▬▬ ▬ ▬▬ ▬▬▬ ▬▬▬▬ ▬▬ ▬ ▬▬▬ ▬▬▬▬▬ ▬▬ ▬▬ ▬▬▬ ▬ ▬▬▬▬ ▬▬▬ ▬▬ ▬▬▬ ▬ ▬▬▬▬ ▬▬ ▬▬▬ ▬▬ ▬▬▬▬▬ ▬ ▬▬ ▬▬▬ ▬▬▬▬ ▬▬ ▬ ▬▬▬ ▬▬▬▬▬ ▬▬ ▬▬ ▬▬▬ ▬ ▬▬▬▬ ▬▬▬ ▬▬ ▬▬▬ ▬ ▬▬▬▬ ▬▬ ▬▬▬ ▬▬ ▬▬▬▬▬ ▬ ▬▬ ▬▬▬ ▬▬▬▬ ▬▬ ▬ ▬▬▬ ▬▬▬▬▬ ▬▬ ▬▬ ▬▬▬ ▬ ▬▬▬▬ ▬▬▬ ▬▬ ▬▬▬ ▬ ▬▬▬▬ ▬▬ ▬▬▬ ▬▬ ▬▬▬▬▬ ▬ ▬▬ ▬▬▬ ▬▬▬▬ ▬▬ ▬ ▬▬▬ ▬▬▬▬▬ ▬▬ ▬▬ ▬▬▬ ▬ ▬▬▬▬ ▬▬▬ ▬▬ ▬▬▬ ▬ ▬▬▬▬ ▬▬ ▬▬▬ ▬▬ ▬▬▬▬▬ ▬ ▬▬ ▬▬▬ ▬▬▬▬ ▬▬ ▬ ▬▬▬ ▬▬▬▬▬ ▬▬ ▬▬ ▬▬▬ ▬ ▬▬▬▬ ▬▬▬ ▬▬ ▬▬▬ ▬ ▬▬▬▬ ▬▬ ▬▬▬ ▬▬ ▬▬▬▬▬ ▬ ▬▬ ▬▬▬ ▬▬▬▬ ▬▬ ▬ ▬▬▬ ▬▬▬▬▬ ▬▬ ▬▬ ▬▬▬ ▬ ▬▬▬▬ ▬▬▬ ▬▬ ▬▬▬ ▬ ▬▬▬▬ ▬▬ ▬▬▬ ▬▬ ▬▬▬▬▬ ▬ ▬▬ ▬▬▬ ▬▬▬▬ ▬▬ ▬ ▬▬▬ ▬▬▬▬▬ ▬▬ ▬▬ ▬▬▬ ▬ ▬▬▬▬ ▬▬▬ ▬▬ ▬▬▬ ▬ ▬▬▬▬ ▬▬ ▬▬▬ ▬▬ ▬▬▬▬▬ ▬ ▬▬ ▬▬▬ ▬▬▬▬ ▬▬ ▬ ▬▬▬ ▬▬▬▬▬ ▬▬ ▬▬ ▬▬▬ ▬ ▬▬▬▬ ▬▬▬ ▬▬ ▬▬▬ ▬ ▬▬▬▬ ▬▬ ▬▬▬ ▬▬ ▬▬▬▬▬ ▬ ▬▬ ▬▬▬ ▬▬▬▬ ▬▬ ▬ ▬▬▬ ▬▬▬▬▬ ▬▬ ▬▬ ▬▬▬ ▬ ▬▬▬▬ ▬▬▬ ▬▬ ▬▬▬ ▬ ▬▬▬▬ ▬▬ ▬▬▬ ▬▬ ▬▬▬▬▬ ▬ ▬▬ ▬▬▬ ▬▬▬▬ ▬▬ ▬ ▬▬▬ ▬▬▬▬▬ ▬▬ ▬▬ ▬▬▬ ▬ ▬▬▬▬ ▬▬▬ ▬▬ ▬▬▬ ▬ ▬▬▬▬ ▬▬ ▬▬▬ ▬▬ ▬▬▬▬▬ ▬ ▬▬ ▬▬▬ ▬▬▬▬ ▬▬ ▬ ▬▬▬ ▬▬▬▬▬
AT 9 P.M. YESTERDAY.
▬▬ ▬▬▬ ▬ ▬▬▬▬ ▬▬ ▬▬▬ ▬▬ ▬▬▬▬▬ ▬ ▬▬ ▬▬▬ ▬▬▬▬ ▬▬ ▬ ▬▬▬ ▬▬▬▬▬ ▬▬ ▬▬ ▬▬▬ ▬ ▬▬▬▬ ▬▬▬ ▬▬ ▬▬▬ ▬ ▬▬▬▬ ▬▬ ▬▬▬ ▬▬ ▬▬▬▬▬ ▬ ▬▬ ▬▬▬ ▬▬▬▬ ▬▬ ▬ ▬▬▬ ▬▬▬▬▬ ▬▬ ▬▬ ▬▬▬ ▬ ▬▬▬▬ ▬▬▬ ▬▬ ▬▬▬ ▬ ▬▬▬▬ ▬▬ ▬▬▬ ▬▬ ▬▬▬▬▬ ▬ ▬▬ ▬▬▬ ▬▬▬▬ ▬▬ ▬ ▬▬▬ ▬▬▬▬▬ ▬▬ ▬▬ ▬▬▬ ▬ ▬▬▬▬ ▬▬▬ ▬▬ ▬▬▬ ▬ ▬▬▬▬ ▬▬ ▬▬▬ ▬▬ ▬▬▬▬▬ ▬ ▬▬ ▬▬▬ ▬▬▬▬ ▬▬ ▬ ▬▬▬ ▬▬▬▬▬ ▬▬ ▬▬ ▬▬▬ ▬ ▬▬▬▬ ▬▬▬ ▬▬ ▬▬▬ ▬ ▬▬▬▬ ▬▬ ▬▬▬ ▬▬ ▬▬▬▬▬ ▬ ▬▬ ▬▬▬ ▬▬▬▬ ▬▬ ▬ ▬▬▬ ▬▬▬▬▬ ▬▬ ▬▬ ▬▬▬ ▬ ▬▬▬▬ ▬▬▬ ▬▬ ▬▬▬ ▬ ▬▬▬▬ ▬▬ ▬▬▬ ▬▬ ▬▬▬▬▬ ▬ ▬▬ ▬▬▬ ▬▬▬▬ ▬▬ ▬ ▬▬▬ ▬▬▬▬▬ ▬▬ ▬▬ ▬▬▬ ▬ ▬▬▬▬ ▬▬▬ ▬▬ ▬▬▬ ▬ ▬▬▬▬ ▬▬ ▬▬▬ ▬▬ ▬▬▬▬▬ ▬ ▬▬ ▬▬▬ ▬▬▬▬ ▬▬ ▬ ▬▬▬ ▬▬▬▬▬ ▬▬ ▬▬ ▬▬▬ ▬ ▬▬▬▬ ▬▬▬ ▬▬ ▬▬▬ ▬ ▬▬▬▬ ▬▬ ▬▬▬ ▬▬ ▬▬▬▬▬ ▬ ▬▬ ▬▬▬ ▬▬▬▬ ▬▬ ▬ ▬▬▬ ▬▬▬▬▬ ▬▬ ▬▬ ▬▬▬ ▬ ▬▬▬▬ ▬▬▬ ▬▬ ▬▬▬ ▬ ▬▬▬▬ ▬▬ ▬▬▬ ▬▬ ▬▬▬▬▬ ▬ ▬▬ ▬▬▬ ▬▬▬▬ ▬▬ ▬ ▬▬▬ ▬▬▬▬▬ ▬▬ ▬▬ ▬▬▬ ▬ ▬▬▬▬ ▬▬▬ ▬▬ ▬▬▬ ▬ ▬▬▬▬ ▬▬ ▬▬▬ ▬▬ ▬▬▬▬▬ ▬ ▬▬ ▬▬▬ ▬▬▬▬ ▬▬ ▬ ▬▬▬ ▬▬▬▬▬ ▬▬ ▬▬ ▬▬▬ ▬ ▬▬▬▬ ▬▬▬ ▬▬ ▬▬▬ ▬ ▬▬▬▬ ▬▬ ▬▬▬ ▬▬ ▬▬▬▬▬ ▬ ▬▬ ▬▬▬ ▬▬▬▬ ▬▬ ▬ ▬▬▬ ▬▬▬▬▬
Wireless Kidney Messages.
▬▬ ▬▬▬ ▬ ▬▬▬▬ ▬▬ ▬▬▬ ▬▬ ▬▬▬▬▬ ▬ ▬▬ ▬▬▬ ▬▬▬▬ ▬▬ ▬ ▬▬▬ ▬▬▬▬▬ ▬▬ ▬▬ ▬▬▬ ▬ ▬▬▬▬ ▬▬▬ ▬▬ ▬▬▬ ▬ ▬▬▬▬ ▬▬ ▬▬▬ ▬▬ ▬▬▬▬▬ ▬ ▬▬ ▬▬▬ ▬▬▬▬ ▬▬ ▬ ▬▬▬ ▬▬▬▬▬ ▬▬ ▬▬ ▬▬▬ ▬ ▬▬▬▬ ▬▬▬ ▬▬ ▬▬▬ ▬ ▬▬▬▬ ▬▬ ▬▬▬ ▬▬ ▬▬▬▬▬ ▬ ▬▬ ▬▬▬ ▬▬▬▬ ▬▬ ▬ ▬▬▬ ▬▬▬▬▬ ▬▬ ▬▬ ▬▬▬ ▬ ▬▬▬▬ ▬▬▬ ▬▬ ▬▬▬ ▬ ▬▬▬▬ ▬▬ ▬▬▬ ▬▬ ▬▬▬▬▬ ▬ ▬▬ ▬▬▬ ▬▬▬▬ ▬▬ ▬ ▬▬▬ ▬▬▬▬▬ ▬▬ ▬▬ ▬▬▬ ▬ ▬▬▬▬ ▬▬▬ ▬▬ ▬▬▬ ▬ ▬▬▬▬ ▬▬ ▬▬▬ ▬▬ ▬▬▬▬▬ ▬ ▬▬ ▬▬▬ ▬▬▬▬ ▬▬ ▬ ▬▬▬ ▬▬▬▬▬ ▬▬ ▬▬ ▬▬▬ ▬ ▬▬▬▬ ▬▬▬ ▬▬ ▬▬▬ ▬ ▬▬▬▬ ▬▬ ▬▬▬ ▬▬ ▬▬▬▬▬ ▬ ▬▬ ▬▬▬ ▬▬▬▬ ▬▬ ▬ ▬▬▬ ▬▬▬▬▬ ▬▬ ▬▬ ▬▬▬ ▬ ▬▬▬▬ ▬▬▬ ▬▬ ▬▬▬ ▬ ▬▬▬▬ ▬▬ ▬▬▬ ▬▬ ▬▬▬▬▬ ▬ ▬▬ ▬▬▬ ▬▬▬▬ ▬▬ ▬ ▬▬▬ ▬▬▬▬▬ ▬▬ ▬▬ ▬▬▬ ▬ ▬▬▬▬ ▬▬▬ ▬▬ ▬▬▬ ▬ ▬▬▬▬ ▬▬ ▬▬▬ ▬▬ ▬▬▬▬▬ ▬ ▬▬ ▬▬▬ ▬▬▬▬ ▬▬ ▬ ▬▬▬ ▬▬▬▬▬ ▬▬ ▬▬ ▬▬▬ ▬ ▬▬▬▬ ▬▬▬ ▬▬ ▬▬▬ ▬ ▬▬▬▬ ▬▬ ▬▬▬ ▬▬ ▬▬▬▬▬ ▬ ▬▬ ▬▬▬ ▬▬▬▬ ▬▬ ▬ ▬▬▬ ▬▬▬▬▬ ▬▬ ▬▬ ▬▬▬ ▬ ▬▬▬▬ ▬▬▬ ▬▬ ▬▬▬ ▬ ▬▬▬▬ ▬▬ ▬▬▬ ▬▬ ▬▬▬▬▬ ▬ ▬▬ ▬▬▬ ▬▬▬▬ ▬▬ ▬ ▬▬▬ ▬▬▬▬▬ ▬▬ ▬▬ ▬▬▬ ▬ ▬▬▬▬ ▬▬▬ ▬▬ ▬▬▬ ▬ ▬▬▬▬ ▬▬ ▬▬▬ ▬▬ ▬▬▬▬▬ ▬ ▬▬ ▬▬▬ ▬▬▬▬ ▬▬ ▬ ▬▬▬ ▬▬▬▬▬
WHAT THEY TELL US.
▬▬ ▬▬▬ ▬ ▬▬▬▬ ▬▬ ▬▬▬ ▬▬ ▬▬▬▬▬ ▬ ▬▬ ▬▬▬ ▬▬▬▬ ▬▬ ▬ ▬▬▬ ▬▬▬▬▬ ▬▬ ▬▬ ▬▬▬ ▬ ▬▬▬▬ ▬▬▬ ▬▬ ▬▬▬ ▬ ▬▬▬▬ ▬▬ ▬▬▬ ▬▬ ▬▬▬▬▬ ▬ ▬▬ ▬▬▬ ▬▬▬▬ ▬▬ ▬ ▬▬▬ ▬▬▬▬▬ ▬▬ ▬▬ ▬▬▬ ▬ ▬▬▬▬ ▬▬▬ ▬▬ ▬▬▬ ▬ ▬▬▬▬ ▬▬ ▬▬▬ ▬▬ ▬▬▬▬▬ ▬ ▬▬ ▬▬▬ ▬▬▬▬ ▬▬ ▬ ▬▬▬ ▬▬▬▬▬ ▬▬ ▬▬ ▬▬▬ ▬ ▬▬▬▬ ▬▬▬ ▬▬ ▬▬▬ ▬ ▬▬▬▬ ▬▬ ▬▬▬ ▬▬ ▬▬▬▬▬ ▬ ▬▬ ▬▬▬ ▬▬▬▬ ▬▬ ▬ ▬▬▬ ▬▬▬▬▬ ▬▬ ▬▬ ▬▬▬ ▬ ▬▬▬▬ ▬▬▬ ▬▬ ▬▬▬ ▬ ▬▬▬▬ ▬▬ ▬▬▬ ▬▬ ▬▬▬▬▬ ▬ ▬▬ ▬▬▬ ▬▬▬▬ ▬▬ ▬ ▬▬▬ ▬▬▬▬▬ ▬▬ ▬▬ ▬▬▬ ▬ ▬▬▬▬ ▬▬▬ ▬▬ ▬▬▬ ▬ ▬▬▬▬ ▬▬ ▬▬▬ ▬▬ ▬▬▬▬▬ ▬ ▬▬ ▬▬▬ ▬▬▬▬ ▬▬ ▬ ▬▬▬ ▬▬▬▬▬ ▬▬ ▬▬ ▬▬▬ ▬ ▬▬▬▬ ▬▬▬ ▬▬ ▬▬▬ ▬ ▬▬▬▬ ▬▬ ▬▬▬ ▬▬ ▬▬▬▬▬ ▬ ▬▬ ▬▬▬ ▬▬▬▬ ▬▬ ▬ ▬▬▬ ▬▬▬▬▬ ▬▬ ▬▬ ▬▬▬ ▬ ▬▬▬▬ ▬▬▬ ▬▬ ▬▬▬ ▬ ▬▬▬▬ ▬▬ ▬▬▬ ▬▬ ▬▬▬▬▬ ▬ ▬▬ ▬▬▬ ▬▬▬▬ ▬▬ ▬ ▬▬▬ ▬▬▬▬▬ ▬▬ ▬▬ ▬▬▬ ▬ ▬▬▬▬ ▬▬▬ ▬▬ ▬▬▬ ▬ ▬▬▬▬ ▬▬ ▬▬▬ ▬▬ ▬▬▬▬▬ ▬ ▬▬ ▬▬▬ ▬▬▬▬ ▬▬ ▬ ▬▬▬ ▬▬▬▬▬ ▬▬ ▬▬ ▬▬▬ ▬ ▬▬▬▬ ▬▬▬ ▬▬ ▬▬▬ ▬ ▬▬▬▬ ▬▬ ▬▬▬ ▬▬ ▬▬▬▬▬ ▬ ▬▬ ▬▬▬ ▬▬▬▬ ▬▬ ▬ ▬▬▬ ▬▬▬▬▬ ▬▬ ▬▬ ▬▬▬ ▬ ▬▬▬▬ ▬▬▬ ▬▬ ▬▬▬ ▬ ▬▬▬▬ ▬▬ ▬▬▬ ▬▬ ▬▬▬▬▬ ▬ ▬▬ ▬▬▬ ▬▬▬▬ ▬▬ ▬ ▬▬▬ ▬▬▬▬▬
AMUSEMENTS.
▬▬ ▬▬▬ ▬ ▬▬▬▬ ▬▬ ▬▬▬ ▬▬ ▬▬▬▬▬ ▬ ▬▬ ▬▬▬ ▬▬▬▬ ▬▬ ▬ ▬▬▬ ▬▬▬▬▬ ▬▬ ▬▬ ▬▬▬ ▬ ▬▬▬▬ ▬▬▬ ▬▬ ▬▬▬ ▬ ▬▬▬▬ ▬▬ ▬▬▬ ▬▬ ▬▬▬▬▬ ▬ ▬▬ ▬▬▬ ▬▬▬▬ ▬▬ ▬ ▬▬▬ ▬▬▬▬▬ ▬▬ ▬▬ ▬▬▬ ▬ ▬▬▬▬ ▬▬▬ ▬▬ ▬▬▬ ▬ ▬▬▬▬ ▬▬ ▬▬▬ ▬▬ ▬▬▬▬▬ ▬ ▬▬ ▬▬▬ ▬▬▬▬ ▬▬ ▬ ▬▬▬ ▬▬▬▬▬ ▬▬ ▬▬ ▬▬▬ ▬ ▬▬▬▬ ▬▬▬ ▬▬ ▬▬▬ ▬ ▬▬▬▬ ▬▬ ▬▬▬ ▬▬ ▬▬▬▬▬ ▬ ▬▬ ▬▬▬ ▬▬▬▬ ▬▬ ▬ ▬▬▬ ▬▬▬▬▬ ▬▬ ▬▬ ▬▬▬ ▬
The Cisneros Concerts.
▬▬ ▬▬▬ ▬ ▬▬▬▬ ▬▬ ▬▬▬ ▬▬ ▬▬▬▬▬ ▬ ▬▬ ▬▬▬ ▬▬▬▬ ▬▬ ▬ ▬▬▬ ▬▬▬▬▬ ▬▬ ▬▬ ▬▬▬ ▬ ▬▬▬▬ ▬▬▬ ▬▬ ▬▬▬ ▬ ▬▬▬▬ ▬▬ ▬▬▬ ▬▬ ▬▬▬▬▬ ▬ ▬▬ ▬▬▬ ▬▬▬▬ ▬▬ ▬ ▬▬▬ ▬▬▬▬▬ ▬▬ ▬▬ ▬▬▬ ▬ ▬▬▬▬ ▬▬▬ ▬▬ ▬▬▬ ▬ ▬▬▬▬ ▬▬ ▬▬▬ ▬▬ ▬▬▬▬▬ ▬ ▬▬ ▬▬▬ ▬▬▬▬ ▬▬ ▬ ▬▬▬ ▬▬▬▬▬ ▬▬ ▬▬ ▬▬▬ ▬ ▬▬▬▬ ▬▬▬ ▬▬ ▬▬▬ ▬ ▬▬▬▬ ▬▬ ▬▬▬ ▬▬ ▬▬▬▬▬ ▬ ▬▬ ▬▬▬ ▬▬▬▬ ▬▬ ▬ ▬▬▬ ▬▬▬▬▬ ▬▬ ▬▬ ▬▬▬ ▬
OPERA HOUSE.
▬▬ ▬▬▬ ▬ ▬▬▬▬ ▬▬ ▬▬▬ ▬▬ ▬▬▬▬▬ ▬ ▬▬ ▬▬▬ ▬▬▬▬ ▬▬ ▬ ▬▬▬ ▬▬▬▬▬ ▬▬ ▬▬ ▬▬▬ ▬ ▬▬▬▬ ▬▬▬ ▬▬ ▬▬▬ ▬ ▬▬▬▬ ▬▬ ▬▬▬ ▬▬ ▬▬▬▬▬ ▬ ▬▬ ▬▬▬ ▬▬▬▬ ▬▬ ▬ ▬▬▬ ▬▬▬▬▬ ▬▬ ▬▬ ▬▬▬ ▬ ▬▬▬▬ ▬▬▬ ▬▬ ▬▬▬ ▬ ▬▬▬▬ ▬▬ ▬▬▬ ▬▬ ▬▬▬▬▬ ▬ ▬▬ ▬▬▬ ▬▬▬▬ ▬▬ ▬ ▬▬▬ ▬▬▬▬▬ ▬▬ ▬▬ ▬▬▬ ▬ ▬▬▬▬ ▬▬▬ ▬▬ ▬▬▬ ▬ ▬▬▬▬ ▬▬ ▬▬▬ ▬▬ ▬▬▬▬▬ ▬ ▬▬ ▬▬▬ ▬▬▬▬ ▬▬ ▬ ▬▬▬ ▬▬▬▬▬ ▬▬ ▬▬ ▬▬▬ ▬
THE DANDIES.
▬▬ ▬▬▬ ▬ ▬▬▬▬ ▬▬ ▬▬▬ ▬▬ ▬▬▬▬▬ ▬ ▬▬ ▬▬▬ ▬▬▬▬ ▬▬ ▬ ▬▬▬ ▬▬▬▬▬ ▬▬ ▬▬ ▬▬▬ ▬ ▬▬▬▬ ▬▬▬ ▬▬ ▬▬▬ ▬ ▬▬▬▬ ▬▬ ▬▬▬ ▬▬ ▬▬▬▬▬ ▬ ▬▬ ▬▬▬ ▬▬▬▬ ▬▬ ▬ ▬▬▬ ▬▬▬▬▬ ▬▬ ▬▬ ▬▬▬ ▬ ▬▬▬▬ ▬▬▬ ▬▬ ▬▬▬ ▬ ▬▬▬▬ ▬▬ ▬▬▬ ▬▬ ▬▬▬▬▬ ▬ ▬▬ ▬▬▬ ▬▬▬▬ ▬▬ ▬ ▬▬▬ ▬▬▬▬▬ ▬▬ ▬▬ ▬▬▬ ▬ ▬▬▬▬ ▬▬▬ ▬▬ ▬▬▬ ▬ ▬▬▬▬ ▬▬ ▬▬▬ ▬▬ ▬▬▬▬▬ ▬ ▬▬ ▬▬▬ ▬▬▬▬ ▬▬ ▬ ▬▬▬ ▬▬▬▬▬ ▬▬ ▬▬ ▬▬▬ ▬
Town Hall Concert Chamber.
▬▬ ▬▬▬ ▬ ▬▬▬▬ ▬▬ ▬▬▬ ▬▬ ▬▬▬▬▬ ▬ ▬▬ ▬▬▬ ▬▬▬▬ ▬▬ ▬ ▬▬▬ ▬▬▬▬▬ ▬▬ ▬▬ ▬▬▬ ▬ ▬▬▬▬ ▬▬▬ ▬▬ ▬▬▬ ▬ ▬▬▬▬ ▬▬ ▬▬▬ ▬▬ ▬▬▬▬▬ ▬ ▬▬ ▬▬▬ ▬▬▬▬ ▬▬ ▬ ▬▬▬ ▬▬▬▬▬ ▬▬ ▬▬ ▬▬▬ ▬ ▬▬▬▬ ▬▬▬ ▬▬ ▬▬▬ ▬ ▬▬▬▬ ▬▬ ▬▬▬ ▬▬ ▬▬▬▬▬ ▬ ▬▬ ▬▬▬ ▬▬▬▬ ▬▬ ▬ ▬▬▬ ▬▬▬▬▬ ▬▬ ▬▬ ▬▬▬ ▬ ▬▬▬▬ ▬▬▬ ▬▬ ▬▬▬ ▬ ▬▬▬▬ ▬▬ ▬▬▬ ▬▬ ▬▬▬▬▬ ▬ ▬▬ ▬▬▬ ▬▬▬▬ ▬▬ ▬ ▬▬▬ ▬▬▬▬▬ ▬▬ ▬▬ ▬▬▬ ▬
HOTEL NOTICES.
▬▬ ▬▬▬ ▬ ▬▬▬▬ ▬▬ ▬▬▬ ▬▬ ▬▬▬▬▬ ▬ ▬▬ ▬▬▬ ▬▬▬▬ ▬▬ ▬ ▬▬▬ ▬▬▬▬▬ ▬▬ ▬▬ ▬▬▬ ▬ ▬▬▬▬ ▬▬▬ ▬▬ ▬▬▬ ▬ ▬▬▬▬ ▬▬ ▬▬▬ ▬▬ ▬▬▬▬▬ ▬ ▬▬ ▬▬▬ ▬▬▬▬ ▬▬ ▬ ▬▬▬ ▬▬▬▬▬ ▬▬ ▬▬ ▬▬▬ ▬ ▬▬▬▬ ▬▬▬ ▬▬ ▬▬▬ ▬ ▬▬▬▬ ▬▬ ▬▬▬ ▬▬ ▬▬▬▬▬ ▬ ▬▬ ▬▬▬ ▬▬▬▬ ▬▬ ▬ ▬▬▬ ▬▬▬▬▬ ▬▬ ▬▬ ▬▬▬ ▬ ▬▬▬▬ ▬▬▬ ▬▬ ▬▬▬ ▬ ▬▬▬▬ ▬▬ ▬▬▬ ▬▬ ▬▬▬▬▬ ▬ ▬▬ ▬▬▬ ▬▬▬▬ ▬▬ ▬ ▬▬▬ ▬▬▬▬▬ ▬▬ ▬▬ ▬▬▬ ▬
THE EMPIRE HOTEL.
▬▬ ▬▬▬ ▬ ▬▬▬▬ ▬▬ ▬▬▬ ▬▬ ▬▬▬▬▬ ▬ ▬▬ ▬▬▬ ▬▬▬▬ ▬▬ ▬ ▬▬▬ ▬▬▬▬▬ ▬▬ ▬▬ ▬▬▬ ▬ ▬▬▬▬ ▬▬▬ ▬▬ ▬▬▬ ▬ ▬▬▬▬ ▬▬ ▬▬▬ ▬▬ ▬▬▬▬▬ ▬ ▬▬ ▬▬▬ ▬▬▬▬ ▬▬ ▬ ▬▬▬ ▬▬▬▬▬ ▬▬ ▬▬ ▬▬▬ ▬ ▬▬▬▬ ▬▬▬ ▬▬ ▬▬▬ ▬ ▬▬▬▬ ▬▬ ▬▬▬ ▬▬ ▬▬▬▬▬ ▬ ▬▬ ▬▬▬ ▬▬▬▬ ▬▬ ▬ ▬▬▬ ▬▬▬▬▬ ▬▬ ▬▬ ▬▬▬ ▬ ▬▬▬▬ ▬▬▬ ▬▬ ▬▬▬ ▬ ▬▬▬▬ ▬▬ ▬▬▬ ▬▬ ▬▬▬▬▬ ▬ ▬▬ ▬▬▬ ▬▬▬▬ ▬▬ ▬ ▬▬▬ ▬▬▬▬▬ ▬▬ ▬▬ ▬▬▬ ▬
WHYTE'S HOTEL.
▬▬ ▬▬▬ ▬ ▬▬▬▬ ▬▬ ▬▬▬ ▬▬ ▬▬▬▬▬ ▬ ▬▬ ▬▬▬ ▬▬▬▬ ▬▬ ▬ ▬▬▬ ▬▬▬▬▬ ▬▬ ▬▬ ▬▬▬ ▬ ▬▬▬▬ ▬▬▬ ▬▬ ▬▬▬ ▬ ▬▬▬▬ ▬▬ ▬▬▬ ▬▬ ▬▬▬▬▬ ▬ ▬▬ ▬▬▬ ▬▬▬▬ ▬▬ ▬ ▬▬▬ ▬▬▬▬▬ ▬▬ ▬▬ ▬▬▬ ▬ ▬▬▬▬ ▬▬▬ ▬▬ ▬▬▬ ▬ ▬▬▬▬ ▬▬ ▬▬▬ ▬▬ ▬▬▬▬▬ ▬ ▬▬ ▬▬▬ ▬▬▬▬ ▬▬ ▬ ▬▬▬ ▬▬▬▬▬ ▬▬ ▬▬ ▬▬▬ ▬ ▬▬▬▬ ▬▬▬ ▬▬ ▬▬▬ ▬ ▬▬▬▬ ▬▬ ▬▬▬ ▬▬ ▬▬▬▬▬ ▬ ▬▬ ▬▬▬ ▬▬▬▬ ▬▬ ▬ ▬▬▬ ▬▬▬▬▬ ▬▬ ▬▬ ▬▬▬ ▬
Waverley Private Hotel.
▬▬ ▬▬▬ ▬ ▬▬▬▬ ▬▬ ▬▬▬ ▬▬ ▬▬▬▬▬ ▬ ▬▬ ▬▬▬ ▬▬▬▬ ▬▬ ▬ ▬▬▬ ▬▬▬▬▬ ▬▬ ▬▬ ▬▬▬ ▬ ▬▬▬▬ ▬▬▬ ▬▬ ▬▬▬ ▬ ▬▬▬▬ ▬▬ ▬▬▬ ▬▬ ▬▬▬▬▬ ▬ ▬▬ ▬▬▬ ▬▬▬▬ ▬▬ ▬ ▬▬▬ ▬▬▬▬▬ ▬▬ ▬▬ ▬▬▬ ▬ ▬▬▬▬ ▬▬▬ ▬▬ ▬▬▬ ▬ ▬▬▬▬ ▬▬ ▬▬▬ ▬▬ ▬▬▬▬▬ ▬ ▬▬ ▬▬▬ ▬▬▬▬ ▬▬ ▬ ▬▬▬ ▬▬▬▬▬ ▬▬ ▬▬ ▬▬▬ ▬ ▬▬▬▬ ▬▬▬ ▬▬ ▬▬▬ ▬ ▬▬▬▬ ▬▬ ▬▬▬ ▬▬ ▬▬▬▬▬ ▬ ▬▬ ▬▬▬ ▬▬▬▬ ▬▬ ▬ ▬▬▬ ▬▬▬▬▬ ▬▬ ▬▬ ▬▬▬ ▬
GRAND HOTEL, LEVIN.
▬▬ ▬▬▬ ▬ ▬▬▬▬ ▬▬ ▬▬▬ ▬▬ ▬▬▬▬▬ ▬ ▬▬ ▬▬▬ ▬▬▬▬ ▬▬ ▬ ▬▬▬ ▬▬▬▬▬ ▬▬ ▬▬ ▬▬▬ ▬ ▬▬▬▬ ▬▬▬ ▬▬ ▬▬▬ ▬ ▬▬▬▬ ▬▬ ▬▬▬ ▬▬ ▬▬▬▬▬ ▬ ▬▬ ▬▬▬ ▬▬▬▬ ▬▬ ▬ ▬▬▬ ▬▬▬▬▬ ▬▬ ▬▬ ▬▬▬ ▬ ▬▬▬▬ ▬▬▬ ▬▬ ▬▬▬ ▬ ▬▬▬▬ ▬▬ ▬▬▬ ▬▬ ▬▬▬▬▬ ▬ ▬▬ ▬▬▬ ▬▬▬▬ ▬▬ ▬ ▬▬▬ ▬▬▬▬▬ ▬▬ ▬▬ ▬▬▬ ▬ ▬▬▬▬ ▬▬▬ ▬▬ ▬▬▬ ▬ ▬▬▬▬ ▬▬ ▬▬▬ ▬▬ ▬▬▬▬▬ ▬ ▬▬ ▬▬▬ ▬▬▬▬ ▬▬ ▬ ▬▬▬ ▬▬▬▬▬ ▬▬ ▬▬ ▬▬▬ ▬
Luncheon, Supper, and Tea Rooms.
▬▬ ▬▬▬ ▬ ▬▬▬▬ ▬▬ ▬▬▬ ▬▬ ▬▬▬▬▬ ▬ ▬▬ ▬▬▬ ▬▬▬▬ ▬▬ ▬ ▬▬▬ ▬▬▬▬▬ ▬▬ ▬▬ ▬▬▬ ▬ ▬▬▬▬ ▬▬▬ ▬▬ ▬▬▬ ▬ ▬▬▬▬ ▬▬ ▬▬▬ ▬▬ ▬▬▬▬▬ ▬ ▬▬ ▬▬▬ ▬▬▬▬ ▬▬ ▬ ▬▬▬ ▬▬▬▬▬ ▬▬ ▬▬ ▬▬▬ ▬ ▬▬▬▬ ▬▬▬ ▬▬ ▬▬▬ ▬ ▬▬▬▬ ▬▬ ▬▬▬ ▬▬ ▬▬▬▬▬ ▬ ▬▬ ▬▬▬ ▬▬▬▬ ▬▬ ▬ ▬▬▬ ▬▬▬▬▬ ▬▬ ▬▬ ▬▬▬ ▬ ▬▬▬▬ ▬▬▬ ▬▬ ▬▬▬ ▬ ▬▬▬▬ ▬▬ ▬▬▬ ▬▬ ▬▬▬▬▬ ▬ ▬▬ ▬▬▬ ▬▬▬▬ ▬▬ ▬ ▬▬▬ ▬▬▬▬▬ ▬▬ ▬▬ ▬▬▬ ▬
HEALTH SECRETS.
▬▬ ▬▬▬ ▬ ▬▬▬▬ ▬▬ ▬▬▬ ▬▬ ▬▬▬▬▬ ▬ ▬▬ ▬▬▬ ▬▬▬▬ ▬▬ ▬ ▬▬▬ ▬▬▬▬▬ ▬▬ ▬▬ ▬▬▬ ▬ ▬▬▬▬ ▬▬▬ ▬▬ ▬▬▬ ▬ ▬▬▬▬ ▬▬ ▬▬▬ ▬▬ ▬▬▬▬▬ ▬ ▬▬ ▬▬▬ ▬▬▬▬ ▬▬ ▬ ▬▬▬ ▬▬▬▬▬ ▬▬ ▬▬ ▬▬▬ ▬ ▬▬▬▬ ▬▬▬ ▬▬ ▬▬▬ ▬ ▬▬▬▬ ▬▬ ▬▬▬ ▬▬ ▬▬▬▬▬ ▬ ▬▬ ▬▬▬ ▬▬▬▬ ▬▬ ▬ ▬▬▬ ▬▬▬▬▬ ▬▬ ▬▬ ▬▬▬ ▬ ▬▬▬▬ ▬▬▬ ▬▬ ▬▬▬ ▬ ▬▬▬▬ ▬▬ ▬▬▬ ▬▬ ▬▬▬▬▬ ▬ ▬▬ ▬▬▬ ▬▬▬▬ ▬▬ ▬ ▬▬▬ ▬▬▬▬▬ ▬▬ ▬▬ ▬▬▬ ▬
AMUSEMENTS.
▬▬ ▬▬▬ ▬ ▬▬▬▬ ▬▬ ▬▬▬ ▬▬ ▬▬▬▬▬ ▬ ▬▬ ▬▬▬ ▬▬▬▬ ▬▬ ▬ ▬▬▬ ▬▬▬▬▬ ▬▬ ▬▬ ▬▬▬ ▬ ▬▬▬▬ ▬▬▬ ▬▬ ▬▬▬ ▬ ▬▬▬▬ ▬▬ ▬▬▬ ▬▬ ▬▬▬▬▬ ▬ ▬▬ ▬▬▬ ▬▬▬▬ ▬▬ ▬ ▬▬▬ ▬▬▬▬▬ ▬▬ ▬▬ ▬▬▬ ▬ ▬▬▬▬ ▬▬▬ ▬▬ ▬▬▬ ▬ ▬▬▬▬ ▬▬ ▬▬▬ ▬▬ ▬▬▬▬▬ ▬ ▬▬ ▬▬▬ ▬▬▬▬ ▬▬ ▬ ▬▬▬ ▬▬▬▬▬ ▬▬ ▬▬ ▬▬▬ ▬ ▬▬▬▬ ▬▬▬ ▬▬ ▬▬▬ ▬ ▬▬▬▬ ▬▬ ▬▬
Plimmer-Dennison Season.
▬▬ ▬▬▬ ▬ ▬▬▬▬ ▬▬ ▬▬▬ ▬▬ ▬▬▬▬▬ ▬ ▬▬ ▬▬▬ ▬▬▬▬ ▬▬ ▬ ▬▬▬ ▬▬▬▬▬ ▬▬ ▬▬ ▬▬▬ ▬ ▬▬▬▬ ▬▬▬ ▬▬ ▬▬▬ ▬ ▬▬▬▬ ▬▬ ▬▬▬ ▬▬ ▬▬▬▬▬ ▬ ▬▬ ▬▬▬ ▬▬▬▬ ▬▬ ▬ ▬▬▬ ▬▬▬▬▬ ▬▬ ▬▬ ▬▬▬ ▬ ▬▬▬▬ ▬▬▬ ▬▬ ▬▬▬ ▬ ▬▬▬▬ ▬▬ ▬▬▬ ▬▬ ▬▬▬▬▬ ▬ ▬▬ ▬▬▬ ▬▬▬▬ ▬▬ ▬ ▬▬▬ ▬▬▬▬▬ ▬▬ ▬▬ ▬▬▬ ▬ ▬▬▬▬ ▬▬▬ ▬▬ ▬▬▬ ▬ ▬▬▬▬ ▬▬ ▬▬
OPERA HOUSE.
▬▬ ▬▬▬ ▬ ▬▬▬▬ ▬▬ ▬▬▬ ▬▬ ▬▬▬▬▬ ▬ ▬▬ ▬▬▬ ▬▬▬▬ ▬▬ ▬ ▬▬▬ ▬▬▬▬▬ ▬▬ ▬▬ ▬▬▬ ▬ ▬▬▬▬ ▬▬▬ ▬▬ ▬▬▬ ▬ ▬▬▬▬ ▬▬ ▬▬▬ ▬▬ ▬▬▬▬▬ ▬ ▬▬ ▬▬▬ ▬▬▬▬ ▬▬ ▬ ▬▬▬ ▬▬▬▬▬ ▬▬ ▬▬ ▬▬▬ ▬ ▬▬▬▬ ▬▬▬ ▬▬ ▬▬▬ ▬ ▬▬▬▬ ▬▬ ▬▬▬ ▬▬ ▬▬▬▬▬ ▬ ▬▬ ▬▬▬ ▬▬▬▬ ▬▬ ▬ ▬▬▬ ▬▬▬▬▬ ▬▬ ▬▬ ▬▬▬ ▬ ▬▬▬▬ ▬▬▬ ▬▬ ▬▬▬ ▬ ▬▬▬▬ ▬▬ ▬▬
THE KING'S THEATRE.
▬▬ ▬▬▬ ▬ ▬▬▬▬ ▬▬ ▬▬▬ ▬▬ ▬▬▬▬▬ ▬ ▬▬ ▬▬▬ ▬▬▬▬ ▬▬ ▬ ▬▬▬ ▬▬▬▬▬ ▬▬ ▬▬ ▬▬▬ ▬ ▬▬▬▬ ▬▬▬ ▬▬ ▬▬▬ ▬ ▬▬▬▬ ▬▬ ▬▬▬ ▬▬ ▬▬▬▬▬ ▬ ▬▬ ▬▬▬ ▬▬▬▬ ▬▬ ▬ ▬▬▬ ▬▬▬▬▬ ▬▬ ▬▬ ▬▬▬ ▬ ▬▬▬▬ ▬▬▬ ▬▬ ▬▬▬ ▬ ▬▬▬▬ ▬▬ ▬▬▬ ▬▬ ▬▬▬▬▬ ▬ ▬▬ ▬▬▬ ▬▬▬▬ ▬▬ ▬ ▬▬▬ ▬▬▬▬▬ ▬▬ ▬▬ ▬▬▬ ▬ ▬▬▬▬ ▬▬▬ ▬▬ ▬▬▬ ▬ ▬▬▬▬ ▬▬ ▬▬
TOWN HALL.
▬▬ ▬▬▬ ▬ ▬▬▬▬ ▬▬ ▬▬▬ ▬▬ ▬▬▬▬▬ ▬ ▬▬ ▬▬▬ ▬▬▬▬ ▬▬ ▬ ▬▬▬ ▬▬▬▬▬ ▬▬ ▬▬ ▬▬▬ ▬ ▬▬▬▬ ▬▬▬ ▬▬ ▬▬▬ ▬ ▬▬▬▬ ▬▬ ▬▬▬ ▬▬ ▬▬▬▬▬ ▬ ▬▬ ▬▬▬ ▬▬▬▬ ▬▬ ▬ ▬▬▬ ▬▬▬▬▬ ▬▬ ▬▬ ▬▬▬ ▬ ▬▬▬▬ ▬▬▬ ▬▬ ▬▬▬ ▬ ▬▬▬▬ ▬▬ ▬▬▬ ▬▬ ▬▬▬▬▬ ▬ ▬▬ ▬▬▬ ▬▬▬▬ ▬▬ ▬ ▬▬▬ ▬▬▬▬▬ ▬▬ ▬▬ ▬▬▬ ▬ ▬▬▬▬ ▬▬▬ ▬▬ ▬▬▬ ▬ ▬▬▬▬ ▬▬ ▬▬
SPECIAL NOTICES.
▬▬ ▬▬▬ ▬ ▬▬▬▬ ▬▬ ▬▬▬ ▬▬ ▬▬▬▬▬ ▬ ▬▬ ▬▬▬ ▬▬▬▬ ▬▬ ▬ ▬▬▬ ▬▬▬▬▬ ▬▬ ▬▬ ▬▬▬ ▬ ▬▬▬▬ ▬▬▬ ▬▬ ▬▬▬ ▬ ▬▬▬▬ ▬▬ ▬▬▬ ▬▬ ▬▬▬▬▬ ▬ ▬▬ ▬▬▬ ▬▬▬▬ ▬▬ ▬ ▬▬▬ ▬▬▬▬▬ ▬▬ ▬▬ ▬▬▬ ▬ ▬▬▬▬ ▬▬▬ ▬▬ ▬▬▬ ▬ ▬▬▬▬ ▬▬ ▬▬▬ ▬▬ ▬▬▬▬▬ ▬ ▬▬ ▬▬▬ ▬▬▬▬ ▬▬ ▬ ▬▬▬ ▬▬▬▬▬ ▬▬ ▬▬ ▬▬▬ ▬ ▬▬▬▬ ▬▬▬ ▬▬ ▬▬▬ ▬ ▬▬▬▬ ▬▬ ▬▬
Bible in Schools' League.
▬▬ ▬▬▬ ▬ ▬▬▬▬ ▬▬ ▬▬▬ ▬▬ ▬▬▬▬▬ ▬ ▬▬ ▬▬▬ ▬▬▬▬ ▬▬ ▬ ▬▬▬ ▬▬▬▬▬ ▬▬ ▬▬ ▬▬▬ ▬ ▬▬▬▬ ▬▬▬ ▬▬ ▬▬▬ ▬ ▬▬▬▬ ▬▬ ▬▬▬ ▬▬ ▬▬▬▬▬ ▬ ▬▬ ▬▬▬ ▬▬▬▬ ▬▬ ▬ ▬▬▬ ▬▬▬▬▬ ▬▬ ▬▬ ▬▬▬ ▬ ▬▬▬▬ ▬▬▬ ▬▬ ▬▬▬ ▬ ▬▬▬▬ ▬▬ ▬▬▬ ▬▬ ▬▬▬▬▬ ▬ ▬▬ ▬▬▬ ▬▬▬▬ ▬▬ ▬ ▬▬▬ ▬▬▬▬▬ ▬▬ ▬▬ ▬▬▬ ▬ ▬▬▬▬ ▬▬▬ ▬▬ ▬▬▬ ▬ ▬▬▬▬ ▬▬ ▬▬
W.C.T.U.
▬▬ ▬▬▬ ▬ ▬▬▬▬ ▬▬ ▬▬▬ ▬▬ ▬▬▬▬▬ ▬ ▬▬ ▬▬▬ ▬▬▬▬ ▬▬ ▬ ▬▬▬ ▬▬▬▬▬ ▬▬ ▬▬ ▬▬▬ ▬ ▬▬▬▬ ▬▬▬ ▬▬ ▬▬▬ ▬ ▬▬▬▬ ▬▬ ▬▬▬ ▬▬ ▬▬▬▬▬ ▬ ▬▬ ▬▬▬ ▬▬▬▬ ▬▬ ▬ ▬▬▬ ▬▬▬▬▬ ▬▬ ▬▬ ▬▬▬ ▬ ▬▬▬▬ ▬▬▬ ▬▬ ▬▬▬ ▬ ▬▬▬▬ ▬▬ ▬▬▬ ▬▬ ▬▬▬▬▬ ▬ ▬▬ ▬▬▬ ▬▬▬▬ ▬▬ ▬ ▬▬▬ ▬▬▬▬▬ ▬▬ ▬▬ ▬▬▬ ▬ ▬▬▬▬ ▬▬▬ ▬▬ ▬▬▬ ▬ ▬▬▬▬ ▬▬ ▬▬
WELLINGTON GOLF CLUB.
▬▬ ▬▬▬ ▬ ▬▬▬▬ ▬▬ ▬▬▬ ▬▬ ▬▬▬▬▬ ▬ ▬▬ ▬▬▬ ▬▬▬▬ ▬▬ ▬ ▬▬▬ ▬▬▬▬▬ ▬▬ ▬▬ ▬▬▬ ▬ ▬▬▬▬ ▬▬▬ ▬▬ ▬▬▬ ▬ ▬▬▬▬ ▬▬ ▬▬▬ ▬▬ ▬▬▬▬▬ ▬ ▬▬ ▬▬▬ ▬▬▬▬ ▬▬ ▬ ▬▬▬ ▬▬▬▬▬ ▬▬ ▬▬ ▬▬▬ ▬ ▬▬▬▬ ▬▬▬ ▬▬ ▬▬▬ ▬ ▬▬▬▬ ▬▬ ▬▬▬ ▬▬ ▬▬▬▬▬ ▬ ▬▬ ▬▬▬ ▬▬▬▬ ▬▬ ▬ ▬▬▬ ▬▬▬▬▬ ▬▬ ▬▬ ▬▬▬ ▬ ▬▬▬▬ ▬▬▬ ▬▬ ▬▬▬ ▬ ▬▬▬▬ ▬▬ ▬▬
Napier Park Racing Club.
▬▬ ▬▬▬ ▬ ▬▬▬▬ ▬▬ ▬▬▬ ▬▬ ▬▬▬▬▬ ▬ ▬▬ ▬▬▬ ▬▬▬▬ ▬▬ ▬ ▬▬▬ ▬▬▬▬▬ ▬▬ ▬▬ ▬▬▬ ▬ ▬▬▬▬ ▬▬▬ ▬▬ ▬▬▬ ▬ ▬▬▬▬ ▬▬ ▬▬▬ ▬▬ ▬▬▬▬▬ ▬ ▬▬ ▬▬▬ ▬▬▬▬ ▬▬ ▬ ▬▬▬ ▬▬▬▬▬ ▬▬ ▬▬ ▬▬▬ ▬ ▬▬▬▬ ▬▬▬ ▬▬ ▬▬▬ ▬ ▬▬▬▬ ▬▬ ▬▬▬ ▬▬ ▬▬▬▬▬ ▬ ▬▬ ▬▬▬ ▬▬▬▬ ▬▬ ▬ ▬▬▬ ▬▬▬▬▬ ▬▬ ▬▬ ▬▬▬ ▬ ▬▬▬▬ ▬▬▬ ▬▬ ▬▬▬ ▬ ▬▬▬▬ ▬▬ ▬▬
Wellington Technical School.
▬▬ ▬▬▬ ▬ ▬▬▬▬ ▬▬ ▬▬▬ ▬▬ ▬▬▬▬▬ ▬ ▬▬ ▬▬▬ ▬▬▬▬ ▬▬ ▬ ▬▬▬ ▬▬▬▬▬ ▬▬ ▬▬ ▬▬▬ ▬ ▬▬▬▬ ▬▬▬ ▬▬ ▬▬▬ ▬ ▬▬▬▬ ▬▬ ▬▬▬ ▬▬ ▬▬▬▬▬ ▬ ▬▬ ▬▬▬ ▬▬▬▬ ▬▬ ▬ ▬▬▬ ▬▬▬▬▬ ▬▬ ▬▬ ▬▬▬ ▬ ▬▬▬▬ ▬▬▬ ▬▬ ▬▬▬ ▬ ▬▬▬▬ ▬▬ ▬▬▬ ▬▬ ▬▬▬▬▬ ▬ ▬▬ ▬▬▬ ▬▬▬▬ ▬▬ ▬ ▬▬▬ ▬▬▬▬▬ ▬▬ ▬▬ ▬▬▬ ▬ ▬▬▬▬ ▬▬▬ ▬▬ ▬▬▬ ▬ ▬▬▬▬ ▬▬ ▬▬
BY APPOINTMENT.
▬▬ ▬▬▬ ▬ ▬▬▬▬ ▬▬ ▬▬▬ ▬▬ ▬▬▬▬▬ ▬ ▬▬ ▬▬▬ ▬▬▬▬ ▬▬ ▬ ▬▬▬ ▬▬▬▬▬ ▬▬ ▬▬ ▬▬▬ ▬ ▬▬▬▬ ▬▬▬ ▬▬ ▬▬▬ ▬ ▬▬▬▬ ▬▬ ▬▬▬ ▬▬ ▬▬▬▬▬ ▬ ▬▬ ▬▬▬ ▬▬▬▬ ▬▬ ▬ ▬▬▬ ▬▬▬▬▬ ▬▬ ▬▬ ▬▬▬ ▬ ▬▬▬▬ ▬▬▬ ▬▬ ▬▬▬ ▬ ▬▬▬▬ ▬▬ ▬▬▬ ▬▬ ▬▬▬▬▬ ▬ ▬▬ ▬▬▬ ▬▬▬▬ ▬▬ ▬ ▬▬▬ ▬▬▬▬▬ ▬▬ ▬▬ ▬▬▬ ▬ ▬▬▬▬ ▬▬▬ ▬▬ ▬▬▬ ▬ ▬▬▬▬ ▬▬ ▬▬
Plant Your Garden with Jones and Co.'s Plants.
▬▬ ▬▬▬ ▬ ▬▬▬▬ ▬▬ ▬▬▬ ▬▬ ▬▬▬▬▬ ▬ ▬▬ ▬▬▬ ▬▬▬▬ ▬▬ ▬ ▬▬▬ ▬▬▬▬▬ ▬▬ ▬▬ ▬▬▬ ▬ ▬▬▬▬ ▬▬▬ ▬▬ ▬▬▬ ▬ ▬▬▬▬ ▬▬ ▬▬▬ ▬▬ ▬▬▬▬▬ ▬ ▬▬ ▬▬▬ ▬▬▬▬ ▬▬ ▬ ▬▬▬ ▬▬▬▬▬ ▬▬ ▬▬ ▬▬▬ ▬ ▬▬▬▬ ▬▬▬ ▬▬ ▬▬▬ ▬ ▬▬▬▬ ▬▬ ▬▬▬ ▬▬ ▬▬▬▬▬ ▬ ▬▬ ▬▬▬ ▬▬▬▬ ▬▬ ▬ ▬▬▬ ▬▬▬▬▬ ▬▬ ▬▬ ▬▬▬ ▬ ▬▬▬▬ ▬▬▬ ▬▬ ▬▬▬ ▬ ▬▬▬▬ ▬▬ ▬▬
AMUSEMENTS.
▬▬ ▬▬▬ ▬ ▬▬▬▬ ▬▬ ▬▬▬ ▬▬ ▬▬▬▬▬ ▬ ▬▬ ▬▬▬ ▬▬▬▬ ▬▬ ▬ ▬▬▬ ▬▬▬▬▬ ▬▬ ▬▬ ▬▬▬ ▬ ▬▬▬▬ ▬▬▬ ▬▬ ▬▬▬ ▬ ▬▬▬▬ ▬▬ ▬▬▬ ▬▬ ▬▬▬▬▬ ▬ ▬▬ ▬▬▬ ▬▬▬▬ ▬▬ ▬ ▬▬▬ ▬▬▬▬▬ ▬▬ ▬▬ ▬▬▬ ▬ ▬▬▬▬ ▬▬▬ ▬▬ ▬▬▬ ▬ ▬▬▬▬ ▬▬ ▬▬▬ ▬▬ ▬▬▬▬▬ ▬ ▬▬ ▬▬▬ ▬▬▬▬ ▬▬ ▬ ▬▬▬ ▬▬▬▬▬ ▬▬ ▬▬ ▬▬▬ ▬ ▬▬▬▬ ▬▬▬ ▬▬ ▬▬▬ ▬ ▬▬▬▬ ▬▬ ▬▬▬ ▬▬ ▬▬▬▬▬ ▬ ▬▬ ▬▬▬ ▬▬▬▬ ▬▬ ▬ ▬▬▬ ▬▬▬▬▬ ▬▬ ▬▬ ▬▬▬ ▬ ▬▬▬▬ ▬▬▬ ▬▬ ▬▬▬ ▬ ▬▬▬▬ ▬▬ ▬▬▬ ▬▬ ▬▬▬▬▬ ▬ ▬▬ ▬▬▬ ▬▬▬▬ ▬▬ ▬ ▬▬▬ ▬▬▬▬▬ ▬▬ ▬▬ ▬▬▬ ▬ ▬▬▬▬ ▬▬▬ ▬▬ ▬▬▬ ▬ ▬▬▬▬ ▬▬ ▬▬▬ ▬▬ ▬▬▬▬▬ ▬ ▬▬ ▬▬▬ ▬▬▬▬ ▬▬ ▬ ▬▬▬ ▬▬▬▬▬ ▬▬ ▬▬ ▬▬▬ ▬ ▬▬▬▬ ▬▬▬ ▬▬ ▬▬▬ ▬ ▬▬▬▬ ▬▬
THE NEW THEATRE.
▬▬ ▬▬▬ ▬ ▬▬▬▬ ▬▬ ▬▬▬ ▬▬ ▬▬▬▬▬ ▬ ▬▬ ▬▬▬ ▬▬▬▬ ▬▬ ▬ ▬▬▬ ▬▬▬▬▬ ▬▬ ▬▬ ▬▬▬ ▬ ▬▬▬▬ ▬▬▬ ▬▬ ▬▬▬ ▬ ▬▬▬▬ ▬▬ ▬▬▬ ▬▬ ▬▬▬▬▬ ▬ ▬▬ ▬▬▬ ▬▬▬▬ ▬▬ ▬ ▬▬▬ ▬▬▬▬▬ ▬▬ ▬▬ ▬▬▬ ▬ ▬▬▬▬ ▬▬▬ ▬▬ ▬▬▬ ▬ ▬▬▬▬ ▬▬ ▬▬▬ ▬▬ ▬▬▬▬▬ ▬ ▬▬ ▬▬▬ ▬▬▬▬ ▬▬ ▬ ▬▬▬ ▬▬▬▬▬ ▬▬ ▬▬ ▬▬▬ ▬ ▬▬▬▬ ▬▬▬ ▬▬ ▬▬▬ ▬ ▬▬▬▬ ▬▬ ▬▬▬ ▬▬ ▬▬▬▬▬ ▬ ▬▬ ▬▬▬ ▬▬▬▬ ▬▬ ▬ ▬▬▬ ▬▬▬▬▬ ▬▬ ▬▬ ▬▬▬ ▬ ▬▬▬▬ ▬▬▬ ▬▬ ▬▬▬ ▬ ▬▬▬▬ ▬▬ ▬▬▬ ▬▬ ▬▬▬▬▬ ▬ ▬▬ ▬▬▬ ▬▬▬▬ ▬▬ ▬ ▬▬▬ ▬▬▬▬▬ ▬▬ ▬▬ ▬▬▬ ▬ ▬▬▬▬ ▬▬▬ ▬▬ ▬▬▬ ▬ ▬▬▬▬ ▬▬ ▬▬▬ ▬▬ ▬▬▬▬▬ ▬ ▬▬ ▬▬▬ ▬▬▬▬ ▬▬ ▬ ▬▬▬ ▬▬▬▬▬ ▬▬ ▬▬ ▬▬▬ ▬ ▬▬▬▬ ▬▬▬ ▬▬ ▬▬▬ ▬ ▬▬▬▬ ▬▬
SKATING RINK.
▬▬ ▬▬▬ ▬ ▬▬▬▬ ▬▬ ▬▬▬ ▬▬ ▬▬▬▬▬ ▬ ▬▬ ▬▬▬ ▬▬▬▬ ▬▬ ▬ ▬▬▬ ▬▬▬▬▬ ▬▬ ▬▬ ▬▬▬ ▬ ▬▬▬▬ ▬▬▬ ▬▬ ▬▬▬ ▬ ▬▬▬▬ ▬▬ ▬▬▬ ▬▬ ▬▬▬▬▬ ▬ ▬▬ ▬▬▬ ▬▬▬▬ ▬▬ ▬ ▬▬▬ ▬▬▬▬▬ ▬▬ ▬▬ ▬▬▬ ▬ ▬▬▬▬ ▬▬▬ ▬▬ ▬▬▬ ▬ ▬▬▬▬ ▬▬ ▬▬▬ ▬▬ ▬▬▬▬▬ ▬ ▬▬ ▬▬▬ ▬▬▬▬ ▬▬ ▬ ▬▬▬ ▬▬▬▬▬ ▬▬ ▬▬ ▬▬▬ ▬ ▬▬▬▬ ▬▬▬ ▬▬ ▬▬▬ ▬ ▬▬▬▬ ▬▬ ▬▬▬ ▬▬ ▬▬▬▬▬ ▬ ▬▬ ▬▬▬ ▬▬▬▬ ▬▬ ▬ ▬▬▬ ▬▬▬▬▬ ▬▬ ▬▬ ▬▬▬ ▬ ▬▬▬▬ ▬▬▬ ▬▬ ▬▬▬ ▬ ▬▬▬▬ ▬▬ ▬▬▬ ▬▬ ▬▬▬▬▬ ▬ ▬▬ ▬▬▬ ▬▬▬▬ ▬▬ ▬ ▬▬▬ ▬▬▬▬▬ ▬▬ ▬▬ ▬▬▬ ▬ ▬▬▬▬ ▬▬▬ ▬▬ ▬▬▬ ▬ ▬▬▬▬ ▬▬ ▬▬▬ ▬▬ ▬▬▬▬▬ ▬ ▬▬ ▬▬▬ ▬▬▬▬ ▬▬ ▬ ▬▬▬ ▬▬▬▬▬ ▬▬ ▬▬ ▬▬▬ ▬ ▬▬▬▬ ▬▬▬ ▬▬ ▬▬▬ ▬ ▬▬▬▬ ▬▬
PULLERS' PICTURES.
▬▬ ▬▬▬ ▬ ▬▬▬▬ ▬▬ ▬▬▬ ▬▬ ▬▬▬▬▬ ▬ ▬▬ ▬▬▬ ▬▬▬▬ ▬▬ ▬ ▬▬▬ ▬▬▬▬▬ ▬▬ ▬▬ ▬▬▬ ▬ ▬▬▬▬ ▬▬▬ ▬▬ ▬▬▬ ▬ ▬▬▬▬ ▬▬ ▬▬▬ ▬▬ ▬▬▬▬▬ ▬ ▬▬ ▬▬▬ ▬▬▬▬ ▬▬ ▬ ▬▬▬ ▬▬▬▬▬ ▬▬ ▬▬ ▬▬▬ ▬ ▬▬▬▬ ▬▬▬ ▬▬ ▬▬▬ ▬ ▬▬▬▬ ▬▬ ▬▬▬ ▬▬ ▬▬▬▬▬ ▬ ▬▬ ▬▬▬ ▬▬▬▬ ▬▬ ▬ ▬▬▬ ▬▬▬▬▬ ▬▬ ▬▬ ▬▬▬ ▬ ▬▬▬▬ ▬▬▬ ▬▬ ▬▬▬ ▬ ▬▬▬▬ ▬▬ ▬▬▬ ▬▬ ▬▬▬▬▬ ▬ ▬▬ ▬▬▬ ▬▬▬▬ ▬▬ ▬ ▬▬▬ ▬▬▬▬▬ ▬▬ ▬▬ ▬▬▬ ▬ ▬▬▬▬ ▬▬▬ ▬▬ ▬▬▬ ▬ ▬▬▬▬ ▬▬ ▬▬▬ ▬▬ ▬▬▬▬▬ ▬ ▬▬ ▬▬▬ ▬▬▬▬ ▬▬ ▬ ▬▬▬ ▬▬▬▬▬ ▬▬ ▬▬ ▬▬▬ ▬ ▬▬▬▬ ▬▬▬ ▬▬ ▬▬▬ ▬ ▬▬▬▬ ▬▬ ▬▬▬ ▬▬ ▬▬▬▬▬ ▬ ▬▬ ▬▬▬ ▬▬▬▬ ▬▬ ▬ ▬▬▬ ▬▬▬▬▬ ▬▬ ▬▬ ▬▬▬ ▬ ▬▬▬▬ ▬▬▬ ▬▬ ▬▬▬ ▬ ▬▬▬▬ ▬▬
A Perfect Mandoline for 50s.
▬▬ ▬▬▬ ▬ ▬▬▬▬ ▬▬ ▬▬▬ ▬▬ ▬▬▬▬▬ ▬ ▬▬ ▬▬▬ ▬▬▬▬ ▬▬ ▬ ▬▬▬ ▬▬▬▬▬ ▬▬ ▬▬ ▬▬▬ ▬ ▬▬▬▬ ▬▬▬ ▬▬ ▬▬▬ ▬ ▬▬▬▬ ▬▬ ▬▬▬ ▬▬ ▬▬▬▬▬ ▬ ▬▬ ▬▬▬ ▬▬▬▬ ▬▬ ▬ ▬▬▬ ▬▬▬▬▬ ▬▬ ▬▬ ▬▬▬ ▬ ▬▬▬▬ ▬▬▬ ▬▬ ▬▬▬ ▬ ▬▬▬▬ ▬▬ ▬▬▬ ▬▬ ▬▬▬▬▬ ▬ ▬▬ ▬▬▬ ▬▬▬▬ ▬▬ ▬ ▬▬▬ ▬▬▬▬▬ ▬▬ ▬▬ ▬▬▬ ▬ ▬▬▬▬ ▬▬▬ ▬▬ ▬▬▬ ▬ ▬▬▬▬ ▬▬ ▬▬▬ ▬▬ ▬▬▬▬▬ ▬ ▬▬ ▬▬▬ ▬▬▬▬ ▬▬ ▬ ▬▬▬ ▬▬▬▬▬ ▬▬ ▬▬ ▬▬▬ ▬ ▬▬▬▬ ▬▬▬ ▬▬ ▬▬▬ ▬ ▬▬▬▬ ▬▬ ▬▬▬ ▬▬ ▬▬▬▬▬ ▬ ▬▬ ▬▬▬ ▬▬▬▬ ▬▬ ▬ ▬▬▬ ▬▬▬▬▬ ▬▬ ▬▬ ▬▬▬ ▬ ▬▬▬▬ ▬▬▬ ▬▬ ▬▬▬ ▬ ▬▬▬▬ ▬▬ ▬▬▬ ▬▬ ▬▬▬▬▬ ▬ ▬▬ ▬▬▬ ▬▬▬▬ ▬▬ ▬ ▬▬▬ ▬▬▬▬▬ ▬▬ ▬▬ ▬▬▬ ▬ ▬▬▬▬ ▬▬▬ ▬▬ ▬▬▬ ▬ ▬▬▬▬ ▬▬
STRING BAND.
▬▬ ▬▬▬ ▬ ▬▬▬▬ ▬▬ ▬▬▬ ▬▬ ▬▬▬▬▬ ▬ ▬▬ ▬▬▬ ▬▬▬▬ ▬▬ ▬ ▬▬▬ ▬▬▬▬▬ ▬▬ ▬▬ ▬▬▬ ▬ ▬▬▬▬ ▬▬▬ ▬▬ ▬▬▬ ▬ ▬▬▬▬ ▬▬ ▬▬▬ ▬▬ ▬▬▬▬▬ ▬ ▬▬ ▬▬▬ ▬▬▬▬ ▬▬ ▬ ▬▬▬ ▬▬▬▬▬ ▬▬ ▬▬ ▬▬▬ ▬ ▬▬▬▬ ▬▬▬ ▬▬ ▬▬▬ ▬ ▬▬▬▬ ▬▬ ▬▬▬ ▬▬ ▬▬▬▬▬ ▬ ▬▬ ▬▬▬ ▬▬▬▬ ▬▬ ▬ ▬▬▬ ▬▬▬▬▬ ▬▬ ▬▬ ▬▬▬ ▬ ▬▬▬▬ ▬▬▬ ▬▬ ▬▬▬ ▬ ▬▬▬▬ ▬▬ ▬▬▬ ▬▬ ▬▬▬▬▬ ▬ ▬▬ ▬▬▬ ▬▬▬▬ ▬▬ ▬ ▬▬▬ ▬▬▬▬▬ ▬▬ ▬▬ ▬▬▬ ▬ ▬▬▬▬ ▬▬▬ ▬▬ ▬▬▬ ▬ ▬▬▬▬ ▬▬ ▬▬▬ ▬▬ ▬▬▬▬▬ ▬ ▬▬ ▬▬▬ ▬▬▬▬ ▬▬ ▬ ▬▬▬ ▬▬▬▬▬ ▬▬ ▬▬ ▬▬▬ ▬ ▬▬▬▬ ▬▬▬ ▬▬ ▬▬▬ ▬ ▬▬▬▬ ▬▬ ▬▬▬ ▬▬ ▬▬▬▬▬ ▬ ▬▬ ▬▬▬ ▬▬▬▬ ▬▬ ▬ ▬▬▬ ▬▬▬▬▬ ▬▬ ▬▬ ▬▬▬ ▬ ▬▬▬▬ ▬▬▬ ▬▬ ▬▬▬ ▬ ▬▬▬▬ ▬▬
PUBLIC NOTICES.
▬▬ ▬▬▬ ▬ ▬▬▬▬ ▬▬ ▬▬▬ ▬▬ ▬▬▬▬▬ ▬ ▬▬ ▬▬▬ ▬▬▬▬ ▬▬ ▬ ▬▬▬ ▬▬▬▬▬ ▬▬ ▬▬ ▬▬▬ ▬ ▬▬▬▬ ▬▬▬ ▬▬ ▬▬▬ ▬ ▬▬▬▬ ▬▬ ▬▬▬ ▬▬ ▬▬▬▬▬ ▬ ▬▬ ▬▬▬ ▬▬▬▬ ▬▬ ▬ ▬▬▬ ▬▬▬▬▬ ▬▬ ▬▬ ▬▬▬ ▬ ▬▬▬▬ ▬▬▬ ▬▬ ▬▬▬ ▬ ▬▬▬▬ ▬▬ ▬▬▬ ▬▬ ▬▬▬▬▬ ▬ ▬▬ ▬▬▬ ▬▬▬▬ ▬▬ ▬ ▬▬▬ ▬▬▬▬▬ ▬▬ ▬▬ ▬▬▬ ▬ ▬▬▬▬ ▬▬▬ ▬▬ ▬▬▬ ▬ ▬▬▬▬ ▬▬ ▬▬▬ ▬▬ ▬▬▬▬▬ ▬ ▬▬ ▬▬▬ ▬▬▬▬ ▬▬ ▬ ▬▬▬ ▬▬▬▬▬ ▬▬ ▬▬ ▬▬▬ ▬ ▬▬▬▬ ▬▬▬ ▬▬ ▬▬▬ ▬ ▬▬▬▬ ▬▬ ▬▬▬ ▬▬ ▬▬▬▬▬ ▬ ▬▬ ▬▬▬ ▬▬▬▬ ▬▬ ▬ ▬▬▬ ▬▬▬▬▬ ▬▬ ▬▬ ▬▬▬ ▬ ▬▬▬▬ ▬▬▬ ▬▬ ▬▬▬ ▬ ▬▬▬▬ ▬▬ ▬▬▬ ▬▬ ▬▬▬▬▬ ▬ ▬▬ ▬▬▬ ▬▬▬▬ ▬▬ ▬ ▬▬▬ ▬▬▬▬▬ ▬▬ ▬▬ ▬▬▬ ▬ ▬▬▬▬ ▬▬▬ ▬▬ ▬▬▬ ▬ ▬▬▬▬ ▬▬
Notice of Application for Transfer of License.
▬▬ ▬▬▬ ▬ ▬▬▬▬ ▬▬ ▬▬▬ ▬▬ ▬▬▬▬▬ ▬ ▬▬ ▬▬▬ ▬▬▬▬ ▬▬ ▬ ▬▬▬ ▬▬▬▬▬ ▬▬ ▬▬ ▬▬▬ ▬ ▬▬▬▬ ▬▬▬ ▬▬ ▬▬▬ ▬ ▬▬▬▬ ▬▬ ▬▬▬ ▬▬ ▬▬▬▬▬ ▬ ▬▬ ▬▬▬ ▬▬▬▬ ▬▬ ▬ ▬▬▬ ▬▬▬▬▬ ▬▬ ▬▬ ▬▬▬ ▬ ▬▬▬▬ ▬▬▬ ▬▬ ▬▬▬ ▬ ▬▬▬▬ ▬▬ ▬▬▬ ▬▬ ▬▬▬▬▬ ▬ ▬▬ ▬▬▬ ▬▬▬▬ ▬▬ ▬ ▬▬▬ ▬▬▬▬▬ ▬▬ ▬▬ ▬▬▬ ▬ ▬▬▬▬ ▬▬▬ ▬▬ ▬▬▬ ▬ ▬▬▬▬ ▬▬ ▬▬▬ ▬▬ ▬▬▬▬▬ ▬ ▬▬ ▬▬▬ ▬▬▬▬ ▬▬ ▬ ▬▬▬ ▬▬▬▬▬ ▬▬ ▬▬ ▬▬▬ ▬ ▬▬▬▬ ▬▬▬ ▬▬ ▬▬▬ ▬ ▬▬▬▬ ▬▬ ▬▬▬ ▬▬ ▬▬▬▬▬ ▬ ▬▬ ▬▬▬ ▬▬▬▬ ▬▬ ▬ ▬▬▬ ▬▬▬▬▬ ▬▬ ▬▬ ▬▬▬ ▬ ▬▬▬▬ ▬▬▬ ▬▬ ▬▬▬ ▬ ▬▬▬▬ ▬▬ ▬▬▬ ▬▬ ▬▬▬▬▬ ▬ ▬▬ ▬▬▬ ▬▬▬▬ ▬▬ ▬ ▬▬▬ ▬▬▬▬▬ ▬▬ ▬▬ ▬▬▬ ▬ ▬▬▬▬ ▬▬▬ ▬▬ ▬▬▬ ▬ ▬▬▬▬ ▬▬
